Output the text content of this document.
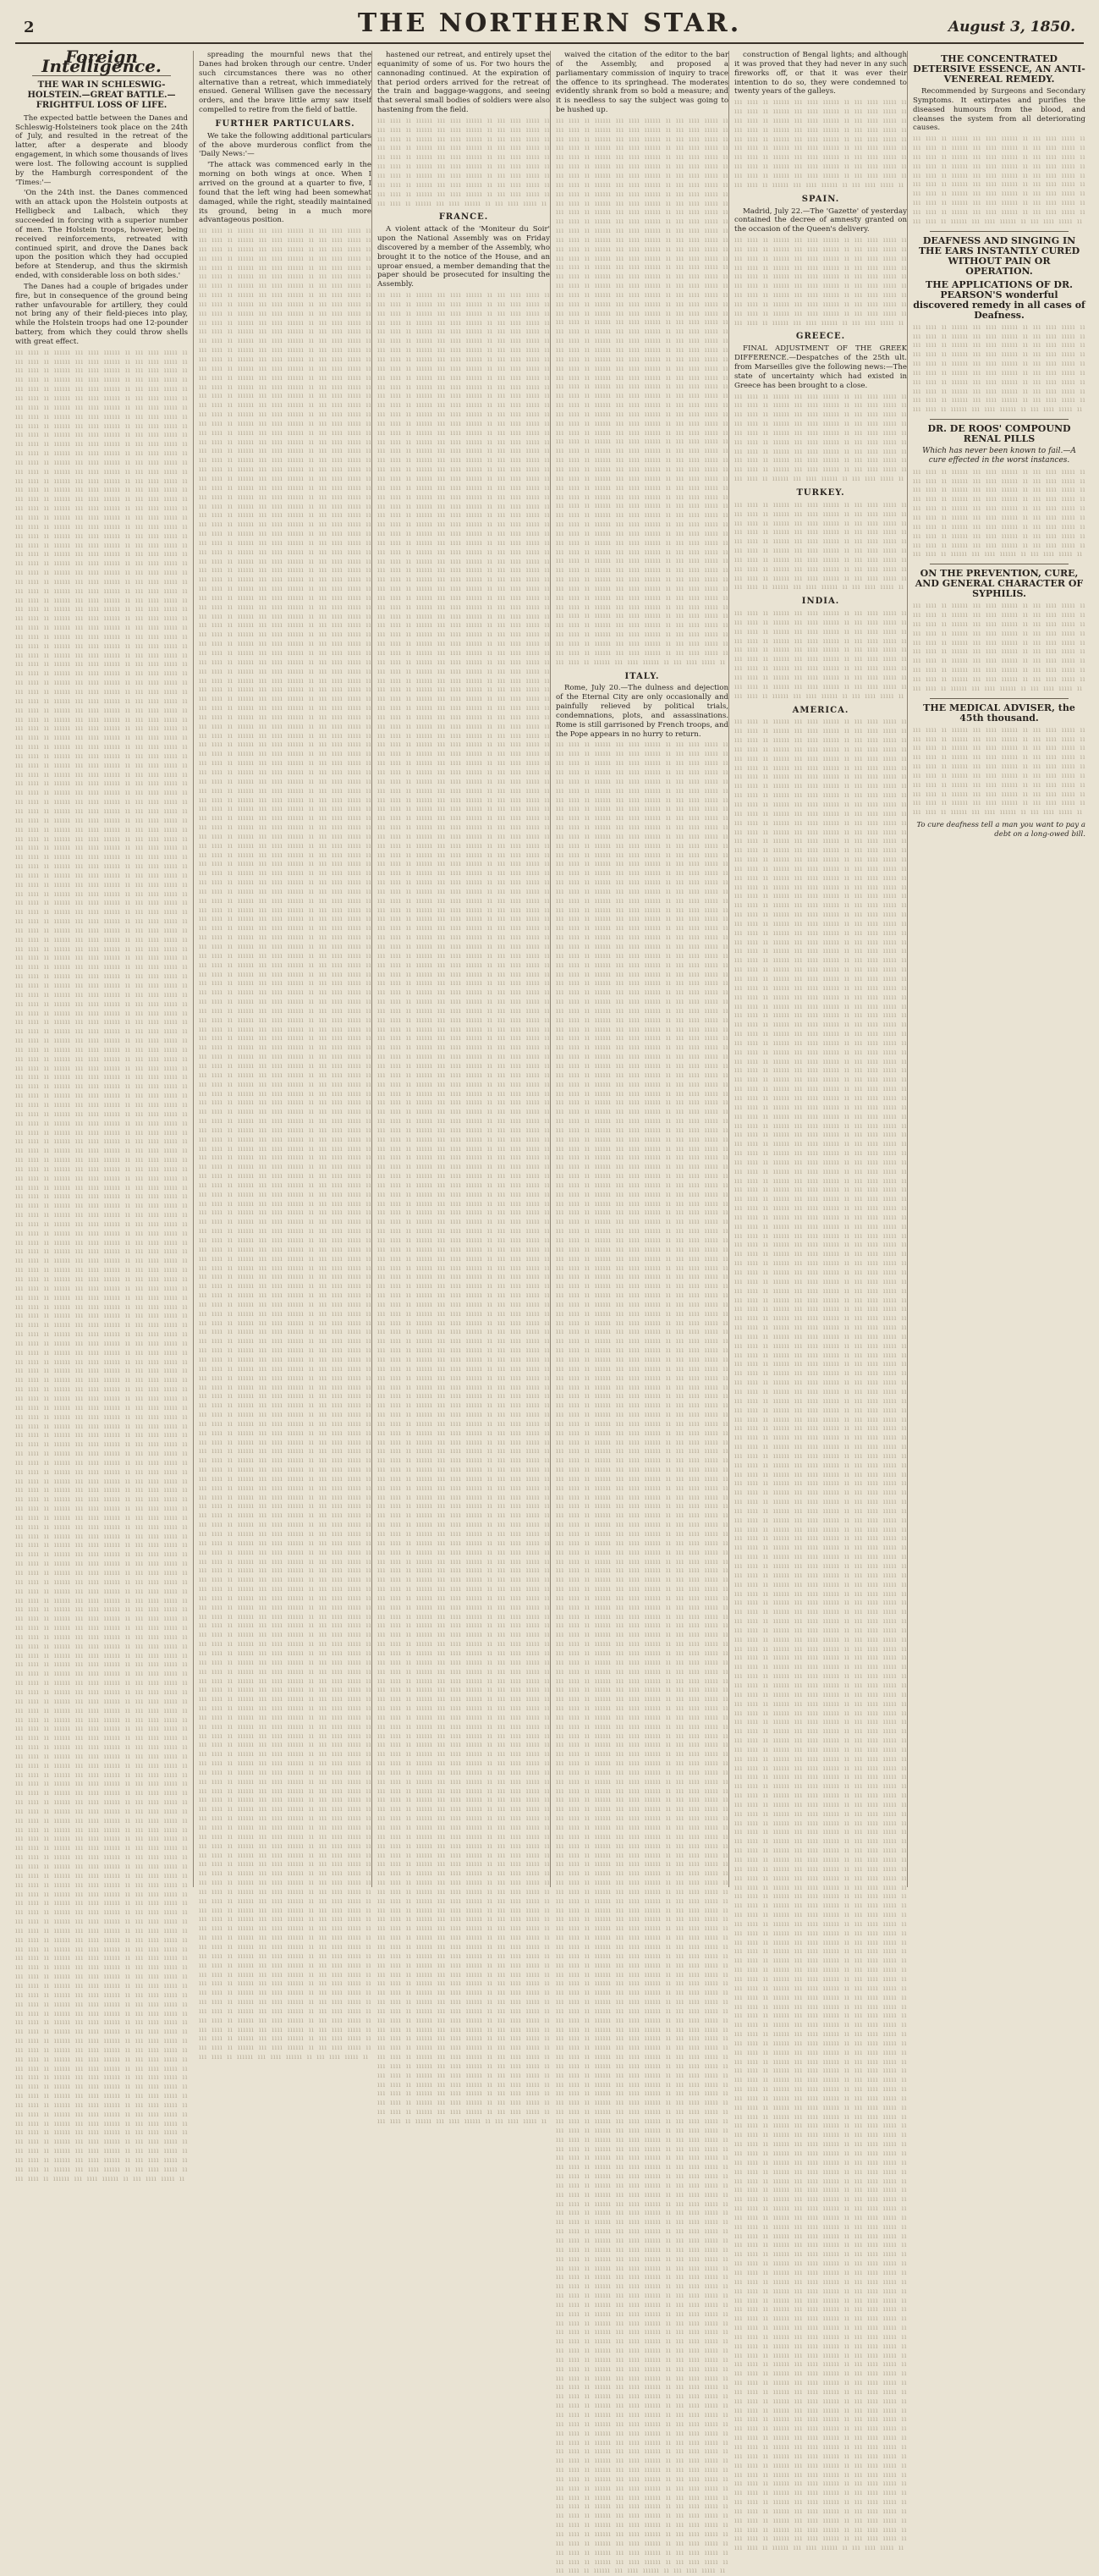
2	THE NORTHERN STAR.	August 3, 1850.
Foreign Intelligence.
THE WAR IN SCHLESWIG-HOLSTEIN.—GREAT BATTLE.—FRIGHTFUL LOSS OF LIFE.

The expected battle between the Danes and Schleswig-Holsteiners took place on the 24th of July, and resulted in the retreat of the latter, after a desperate and bloody engagement, in which some thousands of lives were lost. The following account is supplied by the Hamburgh correspondent of the 'Times:'—

'On the 24th inst. the Danes commenced with an attack upon the Holstein outposts at Helligbeck and Lalbach, which they succeeded in forcing with a superior number of men. The Holstein troops, however, being received reinforcements, retreated with continued spirit, and drove the Danes back upon the position which they had occupied before at Stenderup, and thus the skirmish ended, with considerable loss on both sides.'

The Danes had a couple of brigades under fire, but in consequence of the ground being rather unfavourable for artillery, they could not bring any of their field-pieces into play, while the Holstein troops had one 12-pounder battery, from which they could throw shells with great effect.

ııı ıııı ıı ıııııı ııı ıııı ıııııı ıı ııı ıııı ııııı ıı ııı ıııı ıı ıııııı ııı ıııı ıııııı ıı ııı ıııı ııııı ıı ııı ıııı ıı ıııııı ııı ıııı ıııııı ıı ııı ıııı ııııı ıı ııı ıııı ıı ıııııı ııı ıııı ıııııı ıı ııı ıııı ııııı ıı ııı ıııı ıı ıııııı ııı ıııı ıııııı ıı ııı ıııı ııııı ıı ııı ıııı ıı ıııııı ııı ıııı ıııııı ıı ııı ıııı ııııı ıı ııı ıııı ıı ıııııı ııı ıııı ıııııı ıı ııı ıııı ııııı ıı ııı ıııı ıı ıııııı ııı ıııı ıııııı ıı ııı ıııı ııııı ıı ııı ıııı ıı ıııııı ııı ıııı ıııııı ıı ııı ıııı ııııı ıı ııı ıııı ıı ıııııı ııı ıııı ıııııı ıı ııı ıııı ııııı ıı ııı ıııı ıı ıııııı ııı ıııı ıııııı ıı ııı ıııı ııııı ıı ııı ıııı ıı ıııııı ııı ıııı ıııııı ıı ııı ıııı ııııı ıı ııı ıııı ıı ıııııı ııı ıııı ıııııı ıı ııı ıııı ııııı ıı ııı ıııı ıı ıııııı ııı ıııı ıııııı ıı ııı ıııı ııııı ıı ııı ıııı ıı ıııııı ııı ıııı ıııııı ıı ııı ıııı ııııı ıı ııı ıııı ıı ıııııı ııı ıııı ıııııı ıı ııı ıııı ııııı ıı ııı ıııı ıı ıııııı ııı ıııı ıııııı ıı ııı ıııı ııııı ıı ııı ıııı ıı ıııııı ııı ıııı ıııııı ıı ııı ıııı ııııı ıı ııı ıııı ıı ıııııı ııı ıııı ıııııı ıı ııı ıııı ııııı ıı ııı ıııı ıı ıııııı ııı ıııı ıııııı ıı ııı ıııı ııııı ıı ııı ıııı ıı ıııııı ııı ıııı ıııııı ıı ııı ıııı ııııı ıı ııı ıııı ıı ıııııı ııı ıııı ıııııı ıı ııı ıııı ııııı ıı ııı ıııı ıı ıııııı ııı ıııı ıııııı ıı ııı ıııı ııııı ıı ııı ıııı ıı ıııııı ııı ıııı ıııııı ıı ııı ıııı ııııı ıı ııı ıııı ıı ıııııı ııı ıııı ıııııı ıı ııı ıııı ııııı ıı ııı ıııı ıı ıııııı ııı ıııı ıııııı ıı ııı ıııı ııııı ıı ııı ıııı ıı ıııııı ııı ıııı ıııııı ıı ııı ıııı ııııı ıı ııı ıııı ıı ıııııı ııı ıııı ıııııı ıı ııı ıııı ııııı ıı ııı ıııı ıı ıııııı ııı ıııı ıııııı ıı ııı ıııı ııııı ıı ııı ıııı ıı ıııııı ııı ıııı ıııııı ıı ııı ıııı ııııı ıı ııı ıııı ıı ıııııı ııı ıııı ıııııı ıı ııı ıııı ııııı ıı ııı ıııı ıı ıııııı ııı ıııı ıııııı ıı ııı ıııı ııııı ıı ııı ıııı ıı ıııııı ııı ıııı ıııııı ıı ııı ıııı ııııı ıı ııı ıııı ıı ıııııı ııı ıııı ıııııı ıı ııı ıııı ııııı ıı ııı ıııı ıı ıııııı ııı ıııı ıııııı ıı ııı ıııı ııııı ıı ııı ıııı ıı ıııııı ııı ıııı ıııııı ıı ııı ıııı ııııı ıı ııı ıııı ıı ıııııı ııı ıııı ıııııı ıı ııı ıııı ııııı ıı ııı ıııı ıı ıııııı ııı ıııı ıııııı ıı ııı ıııı ııııı ıı ııı ıııı ıı ıııııı ııı ıııı ıııııı ıı ııı ıııı ııııı ıı ııı ıııı ıı ıııııı ııı ıııı ıııııı ıı ııı ıııı ııııı ıı ııı ıııı ıı ıııııı ııı ıııı ıııııı ıı ııı ıııı ııııı ıı ııı ıııı ıı ıııııı ııı ıııı ıııııı ıı ııı ıııı ııııı ıı ııı ıııı ıı ıııııı ııı ıııı ıııııı ıı ııı ıııı ııııı ıı ııı ıııı ıı ıııııı ııı ıııı ıııııı ıı ııı ıııı ııııı ıı ııı ıııı ıı ıııııı ııı ıııı ıııııı ıı ııı ıııı ııııı ıı ııı ıııı ıı ıııııı ııı ıııı ıııııı ıı ııı ıııı ııııı ıı ııı ıııı ıı ıııııı ııı ıııı ıııııı ıı ııı ıııı ııııı ıı ııı ıııı ıı ıııııı ııı ıııı ıııııı ıı ııı ıııı ııııı ıı ııı ıııı ıı ıııııı ııı ıııı ıııııı ıı ııı ıııı ııııı ıı ııı ıııı ıı ıııııı ııı ıııı ıııııı ıı ııı ıııı ııııı ıı ııı ıııı ıı ıııııı ııı ıııı ıııııı ıı ııı ıııı ııııı ıı ııı ıııı ıı ıııııı ııı ıııı ıııııı ıı ııı ıııı ııııı ıı ııı ıııı ıı ıııııı ııı ıııı ıııııı ıı ııı ıııı ııııı ıı ııı ıııı ıı ıııııı ııı ıııı ıııııı ıı ııı ıııı ııııı ıı ııı ıııı ıı ıııııı ııı ıııı ıııııı ıı ııı ıııı ııııı ıı ııı ıııı ıı ıııııı ııı ıııı ıııııı ıı ııı ıııı ııııı ıı ııı ıııı ıı ıııııı ııı ıııı ıııııı ıı ııı ıııı ııııı ıı ııı ıııı ıı ıııııı ııı ıııı ıııııı ıı ııı ıııı ııııı ıı ııı ıııı ıı ıııııı ııı ıııı ıııııı ıı ııı ıııı ııııı ıı ııı ıııı ıı ıııııı ııı ıııı ıııııı ıı ııı ıııı ııııı ıı ııı ıııı ıı ıııııı ııı ıııı ıııııı ıı ııı ıııı ııııı ıı ııı ıııı ıı ıııııı ııı ıııı ıııııı ıı ııı ıııı ııııı ıı ııı ıııı ıı ıııııı ııı ıııı ıııııı ıı ııı ıııı ııııı ıı ııı ıııı ıı ıııııı ııı ıııı ıııııı ıı ııı ıııı ııııı ıı ııı ıııı ıı ıııııı ııı ıııı ıııııı ıı ııı ıııı ııııı ıı ııı ıııı ıı ıııııı ııı ıııı ıııııı ıı ııı ıııı ııııı ıı ııı ıııı ıı ıııııı ııı ıııı ıııııı ıı ııı ıııı ııııı ıı ııı ıııı ıı ıııııı ııı ıııı ıııııı ıı ııı ıııı ııııı ıı ııı ıııı ıı ıııııı ııı ıııı ıııııı ıı ııı ıııı ııııı ıı ııı ıııı ıı ıııııı ııı ıııı ıııııı ıı ııı ıııı ııııı ıı ııı ıııı ıı ıııııı ııı ıııı ıııııı ıı ııı ıııı ııııı ıı ııı ıııı ıı ıııııı ııı ıııı ıııııı ıı ııı ıııı ııııı ıı ııı ıııı ıı ıııııı ııı ıııı ıııııı ıı ııı ıııı ııııı ıı ııı ıııı ıı ıııııı ııı ıııı ıııııı ıı ııı ıııı ııııı ıı ııı ıııı ıı ıııııı ııı ıııı ıııııı ıı ııı ıııı ııııı ıı ııı ıııı ıı ıııııı ııı ıııı ıııııı ıı ııı ıııı ııııı ıı ııı ıııı ıı ıııııı ııı ıııı ıııııı ıı ııı ıııı ııııı ıı ııı ıııı ıı ıııııı ııı ıııı ıııııı ıı ııı ıııı ııııı ıı ııı ıııı ıı ıııııı ııı ıııı ıııııı ıı ııı ıııı ııııı ıı ııı ıııı ıı ıııııı ııı ıııı ıııııı ıı ııı ıııı ııııı ıı ııı ıııı ıı ıııııı ııı ıııı ıııııı ıı ııı ıııı ııııı ıı ııı ıııı ıı ıııııı ııı ıııı ıııııı ıı ııı ıııı ııııı ıı ııı ıııı ıı ıııııı ııı ıııı ıııııı ıı ııı ıııı ııııı ıı ııı ıııı ıı ıııııı ııı ıııı ıııııı ıı ııı ıııı ııııı ıı ııı ıııı ıı ıııııı ııı ıııı ıııııı ıı ııı ıııı ııııı ıı ııı ıııı ıı ıııııı ııı ıııı ıııııı ıı ııı ıııı ııııı ıı ııı ıııı ıı ıııııı ııı ıııı ıııııı ıı ııı ıııı ııııı ıı ııı ıııı ıı ıııııı ııı ıııı ıııııı ıı ııı ıııı ııııı ıı ııı ıııı ıı ıııııı ııı ıııı ıııııı ıı ııı ıııı ııııı ıı ııı ıııı ıı ıııııı ııı ıııı ıııııı ıı ııı ıııı ııııı ıı ııı ıııı ıı ıııııı ııı ıııı ıııııı ıı ııı ıııı ııııı ıı ııı ıııı ıı ıııııı ııı ıııı ıııııı ıı ııı ıııı ııııı ıı ııı ıııı ıı ıııııı ııı ıııı ıııııı ıı ııı ıııı ııııı ıı ııı ıııı ıı ıııııı ııı ıııı ıııııı ıı ııı ıııı ııııı ıı ııı ıııı ıı ıııııı ııı ıııı ıııııı ıı ııı ıııı ııııı ıı ııı ıııı ıı ıııııı ııı ıııı ıııııı ıı ııı ıııı ııııı ıı ııı ıııı ıı ıııııı ııı ıııı ıııııı ıı ııı ıııı ııııı ıı ııı ıııı ıı ıııııı ııı ıııı ıııııı ıı ııı ıııı ııııı ıı ııı ıııı ıı ıııııı ııı ıııı ıııııı ıı ııı ıııı ııııı ıı ııı ıııı ıı ıııııı ııı ıııı ıııııı ıı ııı ıııı ııııı ıı ııı ıııı ıı ıııııı ııı ıııı ıııııı ıı ııı ıııı ııııı ıı ııı ıııı ıı ıııııı ııı ıııı ıııııı ıı ııı ıııı ııııı ıı ııı ıııı ıı ıııııı ııı ıııı ıııııı ıı ııı ıııı ııııı ıı ııı ıııı ıı ıııııı ııı ıııı ıııııı ıı ııı ıııı ııııı ıı ııı ıııı ıı ıııııı ııı ıııı ıııııı ıı ııı ıııı ııııı ıı ııı ıııı ıı ıııııı ııı ıııı ıııııı ıı ııı ıııı ııııı ıı ııı ıııı ıı ıııııı ııı ıııı ıııııı ıı ııı ıııı ııııı ıı ııı ıııı ıı ıııııı ııı ıııı ıııııı ıı ııı ıııı ııııı ıı ııı ıııı ıı ıııııı ııı ıııı ıııııı ıı ııı ıııı ııııı ıı ııı ıııı ıı ıııııı ııı ıııı ıııııı ıı ııı ıııı ııııı ıı ııı ıııı ıı ıııııı ııı ıııı ıııııı ıı ııı ıııı ııııı ıı ııı ıııı ıı ıııııı ııı ıııı ıııııı ıı ııı ıııı ııııı ıı ııı ıııı ıı ıııııı ııı ıııı ıııııı ıı ııı ıııı ııııı ıı ııı ıııı ıı ıııııı ııı ıııı ıııııı ıı ııı ıııı ııııı ıı ııı ıııı ıı ıııııı ııı ıııı ıııııı ıı ııı ıııı ııııı ıı ııı ıııı ıı ıııııı ııı ıııı ıııııı ıı ııı ıııı ııııı ıı ııı ıııı ıı ıııııı ııı ıııı ıııııı ıı ııı ıııı ııııı ıı ııı ıııı ıı ıııııı ııı ıııı ıııııı ıı ııı ıııı ııııı ıı ııı ıııı ıı ıııııı ııı ıııı ıııııı ıı ııı ıııı ııııı ıı ııı ıııı ıı ıııııı ııı ıııı ıııııı ıı ııı ıııı ııııı ıı ııı ıııı ıı ıııııı ııı ıııı ıııııı ıı ııı ıııı ııııı ıı ııı ıııı ıı ıııııı ııı ıııı ıııııı ıı ııı ıııı ııııı ıı ııı ıııı ıı ıııııı ııı ıııı ıııııı ıı ııı ıııı ııııı ıı ııı ıııı ıı ıııııı ııı ıııı ıııııı ıı ııı ıııı ııııı ıı ııı ıııı ıı ıııııı ııı ıııı ıııııı ıı ııı ıııı ııııı ıı ııı ıııı ıı ıııııı ııı ıııı ıııııı ıı ııı ıııı ııııı ıı ııı ıııı ıı ıııııı ııı ıııı ıııııı ıı ııı ıııı ııııı ıı ııı ıııı ıı ıııııı ııı ıııı ıııııı ıı ııı ıııı ııııı ıı ııı ıııı ıı ıııııı ııı ıııı ıııııı ıı ııı ıııı ııııı ıı ııı ıııı ıı ıııııı ııı ıııı ıııııı ıı ııı ıııı ııııı ıı ııı ıııı ıı ıııııı ııı ıııı ıııııı ıı ııı ıııı ııııı ıı ııı ıııı ıı ıııııı ııı ıııı ıııııı ıı ııı ıııı ııııı ıı ııı ıııı ıı ıııııı ııı ıııı ıııııı ıı ııı ıııı ııııı ıı ııı ıııı ıı ıııııı ııı ıııı ıııııı ıı ııı ıııı ııııı ıı ııı ıııı ıı ıııııı ııı ıııı ıııııı ıı ııı ıııı ııııı ıı ııı ıııı ıı ıııııı ııı ıııı ıııııı ıı ııı ıııı ııııı ıı ııı ıııı ıı ıııııı ııı ıııı ıııııı ıı ııı ıııı ııııı ıı ııı ıııı ıı ıııııı ııı ıııı ıııııı ıı ııı ıııı ııııı ıı ııı ıııı ıı ıııııı ııı ıııı ıııııı ıı ııı ıııı ııııı ıı ııı ıııı ıı ıııııı ııı ıııı ıııııı ıı ııı ıııı ııııı ıı ııı ıııı ıı ıııııı ııı ıııı ıııııı ıı ııı ıııı ııııı ıı ııı ıııı ıı ıııııı ııı ıııı ıııııı ıı ııı ıııı ııııı ıı ııı ıııı ıı ıııııı ııı ıııı ıııııı ıı ııı ıııı ııııı ıı ııı ıııı ıı ıııııı ııı ıııı ıııııı ıı ııı ıııı ııııı ıı ııı ıııı ıı ıııııı ııı ıııı ıııııı ıı ııı ıııı ııııı ıı ııı ıııı ıı ıııııı ııı ıııı ıııııı ıı ııı ıııı ııııı ıı ııı ıııı ıı ıııııı ııı ıııı ıııııı ıı ııı ıııı ııııı ıı ııı ıııı ıı ıııııı ııı ıııı ıııııı ıı ııı ıııı ııııı ıı ııı ıııı ıı ıııııı ııı ıııı ıııııı ıı ııı ıııı ııııı ıı ııı ıııı ıı ıııııı ııı ıııı ıııııı ıı ııı ıııı ııııı ıı ııı ıııı ıı ıııııı ııı ıııı ıııııı ıı ııı ıııı ııııı ıı ııı ıııı ıı ıııııı ııı ıııı ıııııı ıı ııı ıııı ııııı ıı ııı ıııı ıı ıııııı ııı ıııı ıııııı ıı ııı ıııı ııııı ıı ııı ıııı ıı ıııııı ııı ıııı ıııııı ıı ııı ıııı ııııı ıı ııı ıııı ıı ıııııı ııı ıııı ıııııı ıı ııı ıııı ııııı ıı ııı ıııı ıı ıııııı ııı ıııı ıııııı ıı ııı ıııı ııııı ıı ııı ıııı ıı ıııııı ııı ıııı ıııııı ıı ııı ıııı ııııı ıı ııı ıııı ıı ıııııı ııı ıııı ıııııı ıı ııı ıııı ııııı ıı ııı ıııı ıı ıııııı ııı ıııı ıııııı ıı ııı ıııı ııııı ıı ııı ıııı ıı ıııııı ııı ıııı ıııııı ıı ııı ıııı ııııı ıı ııı ıııı ıı ıııııı ııı ıııı ıııııı ıı ııı ıııı ııııı ıı ııı ıııı ıı ıııııı ııı ıııı ıııııı ıı ııı ıııı ııııı ıı ııı ıııı ıı ıııııı ııı ıııı ıııııı ıı ııı ıııı ııııı ıı ııı ıııı ıı ıııııı ııı ıııı ıııııı ıı ııı ıııı ııııı ıı ııı ıııı ıı ıııııı ııı ıııı ıııııı ıı ııı ıııı ııııı ıı ııı ıııı ıı ıııııı ııı ıııı ıııııı ıı ııı ıııı ııııı ıı ııı ıııı ıı ıııııı ııı ıııı ıııııı ıı ııı ıııı ııııı ıı ııı ıııı ıı ıııııı ııı ıııı ıııııı ıı ııı ıııı ııııı ıı ııı ıııı ıı ıııııı ııı ıııı ıııııı ıı ııı ıııı ııııı ıı ııı ıııı ıı ıııııı ııı ıııı ıııııı ıı ııı ıııı ııııı ıı ııı ıııı ıı ıııııı ııı ıııı ıııııı ıı ııı ıııı ııııı ıı ııı ıııı ıı ıııııı ııı ıııı ıııııı ıı ııı ıııı ııııı ıı ııı ıııı ıı ıııııı ııı ıııı ıııııı ıı ııı ıııı ııııı ıı ııı ıııı ıı ıııııı ııı ıııı ıııııı ıı ııı ıııı ııııı ıı ııı ıııı ıı ıııııı ııı ıııı ıııııı ıı ııı ıııı ııııı ıı ııı ıııı ıı ıııııı ııı ıııı ıııııı ıı ııı ıııı ııııı ıı ııı ıııı ıı ıııııı ııı ıııı ıııııı ıı ııı ıııı ııııı ıı ııı ıııı ıı ıııııı ııı ıııı ıııııı ıı ııı ıııı ııııı ıı ııı ıııı ıı ıııııı ııı ıııı ıııııı ıı ııı ıııı ııııı ıı ııı ıııı ıı ıııııı ııı ıııı ıııııı ıı ııı ıııı ııııı ıı ııı ıııı ıı ıııııı ııı ıııı ıııııı ıı ııı ıııı ııııı ıı ııı ıııı ıı ıııııı ııı ıııı ıııııı ıı ııı ıııı ııııı ıı ııı ıııı ıı ıııııı ııı ıııı ıııııı ıı ııı ıııı ııııı ıı ııı ıııı ıı ıııııı ııı ıııı ıııııı ıı ııı ıııı ııııı ıı ııı ıııı ıı ıııııı ııı ıııı ıııııı ıı ııı ıııı ııııı ıı ııı ıııı ıı ıııııı ııı ıııı ıııııı ıı ııı ıııı ııııı ıı ııı ıııı ıı ıııııı ııı ıııı ıııııı ıı ııı ıııı ııııı ıı ııı ıııı ıı ıııııı ııı ıııı ıııııı ıı ııı ıııı ııııı ıı ııı ıııı ıı ıııııı ııı ıııı ıııııı ıı ııı ıııı ııııı ıı ııı ıııı ıı ıııııı ııı ıııı ıııııı ıı ııı ıııı ııııı ıı ııı ıııı ıı ıııııı ııı ıııı ıııııı ıı ııı ıııı ııııı ıı ııı ıııı ıı ıııııı ııı ıııı ıııııı ıı ııı ıııı ııııı ıı ııı ıııı ıı ıııııı ııı ıııı ıııııı ıı ııı ıııı ııııı ıı ııı ıııı ıı ıııııı ııı ıııı ıııııı ıı ııı ıııı ııııı ıı ııı ıııı ıı ıııııı ııı ıııı ıııııı ıı ııı ıııı ııııı ıı ııı ıııı ıı ıııııı ııı ıııı ıııııı ıı ııı ıııı ııııı ıı ııı ıııı ıı ıııııı ııı ıııı ıııııı ıı ııı ıııı ııııı ıı ııı ıııı ıı ıııııı ııı ıııı ıııııı ıı ııı ıııı ııııı ıı ııı ıııı ıı ıııııı ııı ıııı ıııııı ıı ııı ıııı ııııı ıı ııı ıııı ıı ıııııı ııı ıııı ıııııı ıı ııı ıııı ııııı ıı

spreading the mournful news that the Danes had broken through our centre. Under such circumstances there was no other alternative than a retreat, which immediately ensued. General Willisen gave the necessary orders, and the brave little army saw itself compelled to retire from the field of battle.

FURTHER PARTICULARS.

We take the following additional particulars of the above murderous conflict from the 'Daily News:'—

'The attack was commenced early in the morning on both wings at once. When I arrived on the ground at a quarter to five, I found that the left wing had been somewhat damaged, while the right, steadily maintained its ground, being in a much more advantageous position.

ııı ıııı ıı ıııııı ııı ıııı ıııııı ıı ııı ıııı ııııı ıı ııı ıııı ıı ıııııı ııı ıııı ıııııı ıı ııı ıııı ııııı ıı ııı ıııı ıı ıııııı ııı ıııı ıııııı ıı ııı ıııı ııııı ıı ııı ıııı ıı ıııııı ııı ıııı ıııııı ıı ııı ıııı ııııı ıı ııı ıııı ıı ıııııı ııı ıııı ıııııı ıı ııı ıııı ııııı ıı ııı ıııı ıı ıııııı ııı ıııı ıııııı ıı ııı ıııı ııııı ıı ııı ıııı ıı ıııııı ııı ıııı ıııııı ıı ııı ıııı ııııı ıı ııı ıııı ıı ıııııı ııı ıııı ıııııı ıı ııı ıııı ııııı ıı ııı ıııı ıı ıııııı ııı ıııı ıııııı ıı ııı ıııı ııııı ıı ııı ıııı ıı ıııııı ııı ıııı ıııııı ıı ııı ıııı ııııı ıı ııı ıııı ıı ıııııı ııı ıııı ıııııı ıı ııı ıııı ııııı ıı ııı ıııı ıı ıııııı ııı ıııı ıııııı ıı ııı ıııı ııııı ıı ııı ıııı ıı ıııııı ııı ıııı ıııııı ıı ııı ıııı ııııı ıı ııı ıııı ıı ıııııı ııı ıııı ıııııı ıı ııı ıııı ııııı ıı ııı ıııı ıı ıııııı ııı ıııı ıııııı ıı ııı ıııı ııııı ıı ııı ıııı ıı ıııııı ııı ıııı ıııııı ıı ııı ıııı ııııı ıı ııı ıııı ıı ıııııı ııı ıııı ıııııı ıı ııı ıııı ııııı ıı ııı ıııı ıı ıııııı ııı ıııı ıııııı ıı ııı ıııı ııııı ıı ııı ıııı ıı ıııııı ııı ıııı ıııııı ıı ııı ıııı ııııı ıı ııı ıııı ıı ıııııı ııı ıııı ıııııı ıı ııı ıııı ııııı ıı ııı ıııı ıı ıııııı ııı ıııı ıııııı ıı ııı ıııı ııııı ıı ııı ıııı ıı ıııııı ııı ıııı ıııııı ıı ııı ıııı ııııı ıı ııı ıııı ıı ıııııı ııı ıııı ıııııı ıı ııı ıııı ııııı ıı ııı ıııı ıı ıııııı ııı ıııı ıııııı ıı ııı ıııı ııııı ıı ııı ıııı ıı ıııııı ııı ıııı ıııııı ıı ııı ıııı ııııı ıı ııı ıııı ıı ıııııı ııı ıııı ıııııı ıı ııı ıııı ııııı ıı ııı ıııı ıı ıııııı ııı ıııı ıııııı ıı ııı ıııı ııııı ıı ııı ıııı ıı ıııııı ııı ıııı ıııııı ıı ııı ıııı ııııı ıı ııı ıııı ıı ıııııı ııı ıııı ıııııı ıı ııı ıııı ııııı ıı ııı ıııı ıı ıııııı ııı ıııı ıııııı ıı ııı ıııı ııııı ıı ııı ıııı ıı ıııııı ııı ıııı ıııııı ıı ııı ıııı ııııı ıı ııı ıııı ıı ıııııı ııı ıııı ıııııı ıı ııı ıııı ııııı ıı ııı ıııı ıı ıııııı ııı ıııı ıııııı ıı ııı ıııı ııııı ıı ııı ıııı ıı ıııııı ııı ıııı ıııııı ıı ııı ıııı ııııı ıı ııı ıııı ıı ıııııı ııı ıııı ıııııı ıı ııı ıııı ııııı ıı ııı ıııı ıı ıııııı ııı ıııı ıııııı ıı ııı ıııı ııııı ıı ııı ıııı ıı ıııııı ııı ıııı ıııııı ıı ııı ıııı ııııı ıı ııı ıııı ıı ıııııı ııı ıııı ıııııı ıı ııı ıııı ııııı ıı ııı ıııı ıı ıııııı ııı ıııı ıııııı ıı ııı ıııı ııııı ıı ııı ıııı ıı ıııııı ııı ıııı ıııııı ıı ııı ıııı ııııı ıı ııı ıııı ıı ıııııı ııı ıııı ıııııı ıı ııı ıııı ııııı ıı ııı ıııı ıı ıııııı ııı ıııı ıııııı ıı ııı ıııı ııııı ıı ııı ıııı ıı ıııııı ııı ıııı ıııııı ıı ııı ıııı ııııı ıı ııı ıııı ıı ıııııı ııı ıııı ıııııı ıı ııı ıııı ııııı ıı ııı ıııı ıı ıııııı ııı ıııı ıııııı ıı ııı ıııı ııııı ıı ııı ıııı ıı ıııııı ııı ıııı ıııııı ıı ııı ıııı ııııı ıı ııı ıııı ıı ıııııı ııı ıııı ıııııı ıı ııı ıııı ııııı ıı ııı ıııı ıı ıııııı ııı ıııı ıııııı ıı ııı ıııı ııııı ıı ııı ıııı ıı ıııııı ııı ıııı ıııııı ıı ııı ıııı ııııı ıı ııı ıııı ıı ıııııı ııı ıııı ıııııı ıı ııı ıııı ııııı ıı ııı ıııı ıı ıııııı ııı ıııı ıııııı ıı ııı ıııı ııııı ıı ııı ıııı ıı ıııııı ııı ıııı ıııııı ıı ııı ıııı ııııı ıı ııı ıııı ıı ıııııı ııı ıııı ıııııı ıı ııı ıııı ııııı ıı ııı ıııı ıı ıııııı ııı ıııı ıııııı ıı ııı ıııı ııııı ıı ııı ıııı ıı ıııııı ııı ıııı ıııııı ıı ııı ıııı ııııı ıı ııı ıııı ıı ıııııı ııı ıııı ıııııı ıı ııı ıııı ııııı ıı ııı ıııı ıı ıııııı ııı ıııı ıııııı ıı ııı ıııı ııııı ıı ııı ıııı ıı ıııııı ııı ıııı ıııııı ıı ııı ıııı ııııı ıı ııı ıııı ıı ıııııı ııı ıııı ıııııı ıı ııı ıııı ııııı ıı ııı ıııı ıı ıııııı ııı ıııı ıııııı ıı ııı ıııı ııııı ıı ııı ıııı ıı ıııııı ııı ıııı ıııııı ıı ııı ıııı ııııı ıı ııı ıııı ıı ıııııı ııı ıııı ıııııı ıı ııı ıııı ııııı ıı ııı ıııı ıı ıııııı ııı ıııı ıııııı ıı ııı ıııı ııııı ıı ııı ıııı ıı ıııııı ııı ıııı ıııııı ıı ııı ıııı ııııı ıı ııı ıııı ıı ıııııı ııı ıııı ıııııı ıı ııı ıııı ııııı ıı ııı ıııı ıı ıııııı ııı ıııı ıııııı ıı ııı ıııı ııııı ıı ııı ıııı ıı ıııııı ııı ıııı ıııııı ıı ııı ıııı ııııı ıı ııı ıııı ıı ıııııı ııı ıııı ıııııı ıı ııı ıııı ııııı ıı ııı ıııı ıı ıııııı ııı ıııı ıııııı ıı ııı ıııı ııııı ıı ııı ıııı ıı ıııııı ııı ıııı ıııııı ıı ııı ıııı ııııı ıı ııı ıııı ıı ıııııı ııı ıııı ıııııı ıı ııı ıııı ııııı ıı ııı ıııı ıı ıııııı ııı ıııı ıııııı ıı ııı ıııı ııııı ıı ııı ıııı ıı ıııııı ııı ıııı ıııııı ıı ııı ıııı ııııı ıı ııı ıııı ıı ıııııı ııı ıııı ıııııı ıı ııı ıııı ııııı ıı ııı ıııı ıı ıııııı ııı ıııı ıııııı ıı ııı ıııı ııııı ıı ııı ıııı ıı ıııııı ııı ıııı ıııııı ıı ııı ıııı ııııı ıı ııı ıııı ıı ıııııı ııı ıııı ıııııı ıı ııı ıııı ııııı ıı ııı ıııı ıı ıııııı ııı ıııı ıııııı ıı ııı ıııı ııııı ıı ııı ıııı ıı ıııııı ııı ıııı ıııııı ıı ııı ıııı ııııı ıı ııı ıııı ıı ıııııı ııı ıııı ıııııı ıı ııı ıııı ııııı ıı ııı ıııı ıı ıııııı ııı ıııı ıııııı ıı ııı ıııı ııııı ıı ııı ıııı ıı ıııııı ııı ıııı ıııııı ıı ııı ıııı ııııı ıı ııı ıııı ıı ıııııı ııı ıııı ıııııı ıı ııı ıııı ııııı ıı ııı ıııı ıı ıııııı ııı ıııı ıııııı ıı ııı ıııı ııııı ıı ııı ıııı ıı ıııııı ııı ıııı ıııııı ıı ııı ıııı ııııı ıı ııı ıııı ıı ıııııı ııı ıııı ıııııı ıı ııı ıııı ııııı ıı ııı ıııı ıı ıııııı ııı ıııı ıııııı ıı ııı ıııı ııııı ıı ııı ıııı ıı ıııııı ııı ıııı ıııııı ıı ııı ıııı ııııı ıı ııı ıııı ıı ıııııı ııı ıııı ıııııı ıı ııı ıııı ııııı ıı ııı ıııı ıı ıııııı ııı ıııı ıııııı ıı ııı ıııı ııııı ıı ııı ıııı ıı ıııııı ııı ıııı ıııııı ıı ııı ıııı ııııı ıı ııı ıııı ıı ıııııı ııı ıııı ıııııı ıı ııı ıııı ııııı ıı ııı ıııı ıı ıııııı ııı ıııı ıııııı ıı ııı ıııı ııııı ıı ııı ıııı ıı ıııııı ııı ıııı ıııııı ıı ııı ıııı ııııı ıı ııı ıııı ıı ıııııı ııı ıııı ıııııı ıı ııı ıııı ııııı ıı ııı ıııı ıı ıııııı ııı ıııı ıııııı ıı ııı ıııı ııııı ıı ııı ıııı ıı ıııııı ııı ıııı ıııııı ıı ııı ıııı ııııı ıı ııı ıııı ıı ıııııı ııı ıııı ıııııı ıı ııı ıııı ııııı ıı ııı ıııı ıı ıııııı ııı ıııı ıııııı ıı ııı ıııı ııııı ıı ııı ıııı ıı ıııııı ııı ıııı ıııııı ıı ııı ıııı ııııı ıı ııı ıııı ıı ıııııı ııı ıııı ıııııı ıı ııı ıııı ııııı ıı ııı ıııı ıı ıııııı ııı ıııı ıııııı ıı ııı ıııı ııııı ıı ııı ıııı ıı ıııııı ııı ıııı ıııııı ıı ııı ıııı ııııı ıı ııı ıııı ıı ıııııı ııı ıııı ıııııı ıı ııı ıııı ııııı ıı ııı ıııı ıı ıııııı ııı ıııı ıııııı ıı ııı ıııı ııııı ıı ııı ıııı ıı ıııııı ııı ıııı ıııııı ıı ııı ıııı ııııı ıı ııı ıııı ıı ıııııı ııı ıııı ıııııı ıı ııı ıııı ııııı ıı ııı ıııı ıı ıııııı ııı ıııı ıııııı ıı ııı ıııı ııııı ıı ııı ıııı ıı ıııııı ııı ıııı ıııııı ıı ııı ıııı ııııı ıı ııı ıııı ıı ıııııı ııı ıııı ıııııı ıı ııı ıııı ııııı ıı ııı ıııı ıı ıııııı ııı ıııı ıııııı ıı ııı ıııı ııııı ıı ııı ıııı ıı ıııııı ııı ıııı ıııııı ıı ııı ıııı ııııı ıı ııı ıııı ıı ıııııı ııı ıııı ıııııı ıı ııı ıııı ııııı ıı ııı ıııı ıı ıııııı ııı ıııı ıııııı ıı ııı ıııı ııııı ıı ııı ıııı ıı ıııııı ııı ıııı ıııııı ıı ııı ıııı ııııı ıı ııı ıııı ıı ıııııı ııı ıııı ıııııı ıı ııı ıııı ııııı ıı ııı ıııı ıı ıııııı ııı ıııı ıııııı ıı ııı ıııı ııııı ıı ııı ıııı ıı ıııııı ııı ıııı ıııııı ıı ııı ıııı ııııı ıı ııı ıııı ıı ıııııı ııı ıııı ıııııı ıı ııı ıııı ııııı ıı ııı ıııı ıı ıııııı ııı ıııı ıııııı ıı ııı ıııı ııııı ıı ııı ıııı ıı ıııııı ııı ıııı ıııııı ıı ııı ıııı ııııı ıı ııı ıııı ıı ıııııı ııı ıııı ıııııı ıı ııı ıııı ııııı ıı ııı ıııı ıı ıııııı ııı ıııı ıııııı ıı ııı ıııı ııııı ıı ııı ıııı ıı ıııııı ııı ıııı ıııııı ıı ııı ıııı ııııı ıı ııı ıııı ıı ıııııı ııı ıııı ıııııı ıı ııı ıııı ııııı ıı ııı ıııı ıı ıııııı ııı ıııı ıııııı ıı ııı ıııı ııııı ıı ııı ıııı ıı ıııııı ııı ıııı ıııııı ıı ııı ıııı ııııı ıı ııı ıııı ıı ıııııı ııı ıııı ıııııı ıı ııı ıııı ııııı ıı ııı ıııı ıı ıııııı ııı ıııı ıııııı ıı ııı ıııı ııııı ıı ııı ıııı ıı ıııııı ııı ıııı ıııııı ıı ııı ıııı ııııı ıı ııı ıııı ıı ıııııı ııı ıııı ıııııı ıı ııı ıııı ııııı ıı ııı ıııı ıı ıııııı ııı ıııı ıııııı ıı ııı ıııı ııııı ıı ııı ıııı ıı ıııııı ııı ıııı ıııııı ıı ııı ıııı ııııı ıı ııı ıııı ıı ıııııı ııı ıııı ıııııı ıı ııı ıııı ııııı ıı ııı ıııı ıı ıııııı ııı ıııı ıııııı ıı ııı ıııı ııııı ıı ııı ıııı ıı ıııııı ııı ıııı ıııııı ıı ııı ıııı ııııı ıı ııı ıııı ıı ıııııı ııı ıııı ıııııı ıı ııı ıııı ııııı ıı ııı ıııı ıı ıııııı ııı ıııı ıııııı ıı ııı ıııı ııııı ıı ııı ıııı ıı ıııııı ııı ıııı ıııııı ıı ııı ıııı ııııı ıı ııı ıııı ıı ıııııı ııı ıııı ıııııı ıı ııı ıııı ııııı ıı ııı ıııı ıı ıııııı ııı ıııı ıııııı ıı ııı ıııı ııııı ıı ııı ıııı ıı ıııııı ııı ıııı ıııııı ıı ııı ıııı ııııı ıı ııı ıııı ıı ıııııı ııı ıııı ıııııı ıı ııı ıııı ııııı ıı ııı ıııı ıı ıııııı ııı ıııı ıııııı ıı ııı ıııı ııııı ıı ııı ıııı ıı ıııııı ııı ıııı ıııııı ıı ııı ıııı ııııı ıı ııı ıııı ıı ıııııı ııı ıııı ıııııı ıı ııı ıııı ııııı ıı ııı ıııı ıı ıııııı ııı ıııı ıııııı ıı ııı ıııı ııııı ıı ııı ıııı ıı ıııııı ııı ıııı ıııııı ıı ııı ıııı ııııı ıı ııı ıııı ıı ıııııı ııı ıııı ıııııı ıı ııı ıııı ııııı ıı ııı ıııı ıı ıııııı ııı ıııı ıııııı ıı ııı ıııı ııııı ıı ııı ıııı ıı ıııııı ııı ıııı ıııııı ıı ııı ıııı ııııı ıı ııı ıııı ıı ıııııı ııı ıııı ıııııı ıı ııı ıııı ııııı ıı ııı ıııı ıı ıııııı ııı ıııı ıııııı ıı ııı ıııı ııııı ıı ııı ıııı ıı ıııııı ııı ıııı ıııııı ıı ııı ıııı ııııı ıı ııı ıııı ıı ıııııı ııı ıııı ıııııı ıı ııı ıııı ııııı ıı ııı ıııı ıı ıııııı ııı ıııı ıııııı ıı ııı ıııı ııııı ıı ııı ıııı ıı ıııııı ııı ıııı ıııııı ıı ııı ıııı ııııı ıı ııı ıııı ıı ıııııı ııı ıııı ıııııı ıı ııı ıııı ııııı ıı ııı ıııı ıı ıııııı ııı ıııı ıııııı ıı ııı ıııı ııııı ıı ııı ıııı ıı ıııııı ııı ıııı ıııııı ıı ııı ıııı ııııı ıı ııı ıııı ıı ıııııı ııı ıııı ıııııı ıı ııı ıııı ııııı ıı ııı ıııı ıı ıııııı ııı ıııı ıııııı ıı ııı ıııı ııııı ıı ııı ıııı ıı ıııııı ııı ıııı ıııııı ıı ııı ıııı ııııı ıı ııı ıııı ıı ıııııı ııı ıııı ıııııı ıı ııı ıııı ııııı ıı ııı ıııı ıı ıııııı ııı ıııı ıııııı ıı ııı ıııı ııııı ıı ııı ıııı ıı ıııııı ııı ıııı ıııııı ıı ııı ıııı ııııı ıı ııı ıııı ıı ıııııı ııı ıııı ıııııı ıı ııı ıııı ııııı ıı ııı ıııı ıı ıııııı ııı ıııı ıııııı ıı ııı ıııı ııııı ıı ııı ıııı ıı ıııııı ııı ıııı ıııııı ıı ııı ıııı ııııı ıı ııı ıııı ıı ıııııı ııı ıııı ıııııı ıı ııı ıııı ııııı ıı ııı ıııı ıı ıııııı ııı ıııı ıııııı ıı ııı ıııı ııııı ıı ııı ıııı ıı ıııııı ııı ıııı ıııııı ıı ııı ıııı ııııı ıı ııı ıııı ıı ıııııı ııı ıııı ıııııı ıı ııı ıııı ııııı ıı ııı ıııı ıı ıııııı ııı ıııı ıııııı ıı ııı ıııı ııııı ıı ııı ıııı ıı ıııııı ııı ıııı ıııııı ıı ııı ıııı ııııı ıı ııı ıııı ıı ıııııı ııı ıııı ıııııı ıı ııı ıııı ııııı ıı ııı ıııı ıı ıııııı ııı ıııı ıııııı ıı ııı ıııı ııııı ıı ııı ıııı ıı ıııııı ııı ıııı ıııııı ıı ııı ıııı ııııı ıı ııı ıııı ıı ıııııı ııı ıııı ıııııı ıı ııı ıııı ııııı ıı ııı ıııı ıı ıııııı ııı ıııı ıııııı ıı ııı ıııı ııııı ıı ııı ıııı ıı ıııııı ııı ıııı ıııııı ıı ııı ıııı ııııı ıı ııı ıııı ıı ıııııı ııı ıııı ıııııı ıı ııı ıııı ııııı ıı ııı ıııı ıı ıııııı ııı ıııı ıııııı ıı ııı ıııı ııııı ıı ııı ıııı ıı ıııııı ııı ıııı ıııııı ıı ııı ıııı ııııı ıı ııı ıııı ıı ıııııı ııı ıııı ıııııı ıı ııı ıııı ııııı ıı ııı ıııı ıı ıııııı ııı ıııı ıııııı ıı ııı ıııı ııııı ıı ııı ıııı ıı ıııııı ııı ıııı ıııııı ıı ııı ıııı ııııı ıı ııı ıııı ıı ıııııı ııı ıııı ıııııı ıı ııı ıııı ııııı ıı ııı ıııı ıı ıııııı ııı ıııı ıııııı ıı ııı ıııı ııııı ıı ııı ıııı ıı ıııııı ııı ıııı ıııııı ıı ııı ıııı ııııı ıı ııı ıııı ıı ıııııı ııı ıııı ıııııı ıı ııı ıııı ııııı ıı ııı ıııı ıı ıııııı ııı ıııı ıııııı ıı ııı ıııı ııııı ıı ııı ıııı ıı ıııııı ııı ıııı ıııııı ıı ııı ıııı ııııı ıı ııı ıııı ıı ıııııı ııı ıııı ıııııı ıı ııı ıııı ııııı ıı ııı ıııı ıı ıııııı ııı ıııı ıııııı ıı ııı ıııı ııııı ıı ııı ıııı ıı ıııııı ııı ıııı ıııııı ıı ııı ıııı ııııı ıı ııı ıııı ıı ıııııı ııı ıııı ıııııı ıı ııı ıııı ııııı ıı ııı ıııı ıı ıııııı ııı ıııı ıııııı ıı ııı ıııı ııııı ıı ııı ıııı ıı ıııııı ııı ıııı ıııııı ıı ııı ıııı ııııı ıı ııı ıııı ıı ıııııı ııı ıııı ıııııı ıı ııı ıııı ııııı ıı

hastened our retreat, and entirely upset the equanimity of some of us. For two hours the cannonading continued. At the expiration of that period orders arrived for the retreat of the train and baggage-waggons, and seeing that several small bodies of soldiers were also hastening from the field.

ııı ıııı ıı ıııııı ııı ıııı ıııııı ıı ııı ıııı ııııı ıı ııı ıııı ıı ıııııı ııı ıııı ıııııı ıı ııı ıııı ııııı ıı ııı ıııı ıı ıııııı ııı ıııı ıııııı ıı ııı ıııı ııııı ıı ııı ıııı ıı ıııııı ııı ıııı ıııııı ıı ııı ıııı ııııı ıı ııı ıııı ıı ıııııı ııı ıııı ıııııı ıı ııı ıııı ııııı ıı ııı ıııı ıı ıııııı ııı ıııı ıııııı ıı ııı ıııı ııııı ıı ııı ıııı ıı ıııııı ııı ıııı ıııııı ıı ııı ıııı ııııı ıı ııı ıııı ıı ıııııı ııı ıııı ıııııı ıı ııı ıııı ııııı ıı ııı ıııı ıı ıııııı ııı ıııı ıııııı ıı ııı ıııı ııııı ıı ııı ıııı ıı ıııııı ııı ıııı ıııııı ıı ııı ıııı ııııı ıı
FRANCE.

A violent attack of the 'Moniteur du Soir' upon the National Assembly was on Friday discovered by a member of the Assembly, who brought it to the notice of the House, and an uproar ensued, a member demanding that the paper should be prosecuted for insulting the Assembly.

ııı ıııı ıı ıııııı ııı ıııı ıııııı ıı ııı ıııı ııııı ıı ııı ıııı ıı ıııııı ııı ıııı ıııııı ıı ııı ıııı ııııı ıı ııı ıııı ıı ıııııı ııı ıııı ıııııı ıı ııı ıııı ııııı ıı ııı ıııı ıı ıııııı ııı ıııı ıııııı ıı ııı ıııı ııııı ıı ııı ıııı ıı ıııııı ııı ıııı ıııııı ıı ııı ıııı ııııı ıı ııı ıııı ıı ıııııı ııı ıııı ıııııı ıı ııı ıııı ııııı ıı ııı ıııı ıı ıııııı ııı ıııı ıııııı ıı ııı ıııı ııııı ıı ııı ıııı ıı ıııııı ııı ıııı ıııııı ıı ııı ıııı ııııı ıı ııı ıııı ıı ıııııı ııı ıııı ıııııı ıı ııı ıııı ııııı ıı ııı ıııı ıı ıııııı ııı ıııı ıııııı ıı ııı ıııı ııııı ıı ııı ıııı ıı ıııııı ııı ıııı ıııııı ıı ııı ıııı ııııı ıı ııı ıııı ıı ıııııı ııı ıııı ıııııı ıı ııı ıııı ııııı ıı ııı ıııı ıı ıııııı ııı ıııı ıııııı ıı ııı ıııı ııııı ıı ııı ıııı ıı ıııııı ııı ıııı ıııııı ıı ııı ıııı ııııı ıı ııı ıııı ıı ıııııı ııı ıııı ıııııı ıı ııı ıııı ııııı ıı ııı ıııı ıı ıııııı ııı ıııı ıııııı ıı ııı ıııı ııııı ıı ııı ıııı ıı ıııııı ııı ıııı ıııııı ıı ııı ıııı ııııı ıı ııı ıııı ıı ıııııı ııı ıııı ıııııı ıı ııı ıııı ııııı ıı ııı ıııı ıı ıııııı ııı ıııı ıııııı ıı ııı ıııı ııııı ıı ııı ıııı ıı ıııııı ııı ıııı ıııııı ıı ııı ıııı ııııı ıı ııı ıııı ıı ıııııı ııı ıııı ıııııı ıı ııı ıııı ııııı ıı ııı ıııı ıı ıııııı ııı ıııı ıııııı ıı ııı ıııı ııııı ıı ııı ıııı ıı ıııııı ııı ıııı ıııııı ıı ııı ıııı ııııı ıı ııı ıııı ıı ıııııı ııı ıııı ıııııı ıı ııı ıııı ııııı ıı ııı ıııı ıı ıııııı ııı ıııı ıııııı ıı ııı ıııı ııııı ıı ııı ıııı ıı ıııııı ııı ıııı ıııııı ıı ııı ıııı ııııı ıı ııı ıııı ıı ıııııı ııı ıııı ıııııı ıı ııı ıııı ııııı ıı ııı ıııı ıı ıııııı ııı ıııı ıııııı ıı ııı ıııı ııııı ıı ııı ıııı ıı ıııııı ııı ıııı ıııııı ıı ııı ıııı ııııı ıı ııı ıııı ıı ıııııı ııı ıııı ıııııı ıı ııı ıııı ııııı ıı ııı ıııı ıı ıııııı ııı ıııı ıııııı ıı ııı ıııı ııııı ıı ııı ıııı ıı ıııııı ııı ıııı ıııııı ıı ııı ıııı ııııı ıı ııı ıııı ıı ıııııı ııı ıııı ıııııı ıı ııı ıııı ııııı ıı ııı ıııı ıı ıııııı ııı ıııı ıııııı ıı ııı ıııı ııııı ıı ııı ıııı ıı ıııııı ııı ıııı ıııııı ıı ııı ıııı ııııı ıı ııı ıııı ıı ıııııı ııı ıııı ıııııı ıı ııı ıııı ııııı ıı ııı ıııı ıı ıııııı ııı ıııı ıııııı ıı ııı ıııı ııııı ıı ııı ıııı ıı ıııııı ııı ıııı ıııııı ıı ııı ıııı ııııı ıı ııı ıııı ıı ıııııı ııı ıııı ıııııı ıı ııı ıııı ııııı ıı ııı ıııı ıı ıııııı ııı ıııı ıııııı ıı ııı ıııı ııııı ıı ııı ıııı ıı ıııııı ııı ıııı ıııııı ıı ııı ıııı ııııı ıı ııı ıııı ıı ıııııı ııı ıııı ıııııı ıı ııı ıııı ııııı ıı ııı ıııı ıı ıııııı ııı ıııı ıııııı ıı ııı ıııı ııııı ıı ııı ıııı ıı ıııııı ııı ıııı ıııııı ıı ııı ıııı ııııı ıı ııı ıııı ıı ıııııı ııı ıııı ıııııı ıı ııı ıııı ııııı ıı ııı ıııı ıı ıııııı ııı ıııı ıııııı ıı ııı ıııı ııııı ıı ııı ıııı ıı ıııııı ııı ıııı ıııııı ıı ııı ıııı ııııı ıı ııı ıııı ıı ıııııı ııı ıııı ıııııı ıı ııı ıııı ııııı ıı ııı ıııı ıı ıııııı ııı ıııı ıııııı ıı ııı ıııı ııııı ıı ııı ıııı ıı ıııııı ııı ıııı ıııııı ıı ııı ıııı ııııı ıı ııı ıııı ıı ıııııı ııı ıııı ıııııı ıı ııı ıııı ııııı ıı ııı ıııı ıı ıııııı ııı ıııı ıııııı ıı ııı ıııı ııııı ıı ııı ıııı ıı ıııııı ııı ıııı ıııııı ıı ııı ıııı ııııı ıı ııı ıııı ıı ıııııı ııı ıııı ıııııı ıı ııı ıııı ııııı ıı ııı ıııı ıı ıııııı ııı ıııı ıııııı ıı ııı ıııı ııııı ıı ııı ıııı ıı ıııııı ııı ıııı ıııııı ıı ııı ıııı ııııı ıı ııı ıııı ıı ıııııı ııı ıııı ıııııı ıı ııı ıııı ııııı ıı ııı ıııı ıı ıııııı ııı ıııı ıııııı ıı ııı ıııı ııııı ıı ııı ıııı ıı ıııııı ııı ıııı ıııııı ıı ııı ıııı ııııı ıı ııı ıııı ıı ıııııı ııı ıııı ıııııı ıı ııı ıııı ııııı ıı ııı ıııı ıı ıııııı ııı ıııı ıııııı ıı ııı ıııı ııııı ıı ııı ıııı ıı ıııııı ııı ıııı ıııııı ıı ııı ıııı ııııı ıı ııı ıııı ıı ıııııı ııı ıııı ıııııı ıı ııı ıııı ııııı ıı ııı ıııı ıı ıııııı ııı ıııı ıııııı ıı ııı ıııı ııııı ıı ııı ıııı ıı ıııııı ııı ıııı ıııııı ıı ııı ıııı ııııı ıı ııı ıııı ıı ıııııı ııı ıııı ıııııı ıı ııı ıııı ııııı ıı ııı ıııı ıı ıııııı ııı ıııı ıııııı ıı ııı ıııı ııııı ıı ııı ıııı ıı ıııııı ııı ıııı ıııııı ıı ııı ıııı ııııı ıı ııı ıııı ıı ıııııı ııı ıııı ıııııı ıı ııı ıııı ııııı ıı ııı ıııı ıı ıııııı ııı ıııı ıııııı ıı ııı ıııı ııııı ıı ııı ıııı ıı ıııııı ııı ıııı ıııııı ıı ııı ıııı ııııı ıı ııı ıııı ıı ıııııı ııı ıııı ıııııı ıı ııı ıııı ııııı ıı ııı ıııı ıı ıııııı ııı ıııı ıııııı ıı ııı ıııı ııııı ıı ııı ıııı ıı ıııııı ııı ıııı ıııııı ıı ııı ıııı ııııı ıı ııı ıııı ıı ıııııı ııı ıııı ıııııı ıı ııı ıııı ııııı ıı ııı ıııı ıı ıııııı ııı ıııı ıııııı ıı ııı ıııı ııııı ıı ııı ıııı ıı ıııııı ııı ıııı ıııııı ıı ııı ıııı ııııı ıı ııı ıııı ıı ıııııı ııı ıııı ıııııı ıı ııı ıııı ııııı ıı ııı ıııı ıı ıııııı ııı ıııı ıııııı ıı ııı ıııı ııııı ıı ııı ıııı ıı ıııııı ııı ıııı ıııııı ıı ııı ıııı ııııı ıı ııı ıııı ıı ıııııı ııı ıııı ıııııı ıı ııı ıııı ııııı ıı ııı ıııı ıı ıııııı ııı ıııı ıııııı ıı ııı ıııı ııııı ıı ııı ıııı ıı ıııııı ııı ıııı ıııııı ıı ııı ıııı ııııı ıı ııı ıııı ıı ıııııı ııı ıııı ıııııı ıı ııı ıııı ııııı ıı ııı ıııı ıı ıııııı ııı ıııı ıııııı ıı ııı ıııı ııııı ıı ııı ıııı ıı ıııııı ııı ıııı ıııııı ıı ııı ıııı ııııı ıı ııı ıııı ıı ıııııı ııı ıııı ıııııı ıı ııı ıııı ııııı ıı ııı ıııı ıı ıııııı ııı ıııı ıııııı ıı ııı ıııı ııııı ıı ııı ıııı ıı ıııııı ııı ıııı ıııııı ıı ııı ıııı ııııı ıı ııı ıııı ıı ıııııı ııı ıııı ıııııı ıı ııı ıııı ııııı ıı ııı ıııı ıı ıııııı ııı ıııı ıııııı ıı ııı ıııı ııııı ıı ııı ıııı ıı ıııııı ııı ıııı ıııııı ıı ııı ıııı ııııı ıı ııı ıııı ıı ıııııı ııı ıııı ıııııı ıı ııı ıııı ııııı ıı ııı ıııı ıı ıııııı ııı ıııı ıııııı ıı ııı ıııı ııııı ıı ııı ıııı ıı ıııııı ııı ıııı ıııııı ıı ııı ıııı ııııı ıı ııı ıııı ıı ıııııı ııı ıııı ıııııı ıı ııı ıııı ııııı ıı ııı ıııı ıı ıııııı ııı ıııı ıııııı ıı ııı ıııı ııııı ıı ııı ıııı ıı ıııııı ııı ıııı ıııııı ıı ııı ıııı ııııı ıı ııı ıııı ıı ıııııı ııı ıııı ıııııı ıı ııı ıııı ııııı ıı ııı ıııı ıı ıııııı ııı ıııı ıııııı ıı ııı ıııı ııııı ıı ııı ıııı ıı ıııııı ııı ıııı ıııııı ıı ııı ıııı ııııı ıı ııı ıııı ıı ıııııı ııı ıııı ıııııı ıı ııı ıııı ııııı ıı ııı ıııı ıı ıııııı ııı ıııı ıııııı ıı ııı ıııı ııııı ıı ııı ıııı ıı ıııııı ııı ıııı ıııııı ıı ııı ıııı ııııı ıı ııı ıııı ıı ıııııı ııı ıııı ıııııı ıı ııı ıııı ııııı ıı ııı ıııı ıı ıııııı ııı ıııı ıııııı ıı ııı ıııı ııııı ıı ııı ıııı ıı ıııııı ııı ıııı ıııııı ıı ııı ıııı ııııı ıı ııı ıııı ıı ıııııı ııı ıııı ıııııı ıı ııı ıııı ııııı ıı ııı ıııı ıı ıııııı ııı ıııı ıııııı ıı ııı ıııı ııııı ıı ııı ıııı ıı ıııııı ııı ıııı ıııııı ıı ııı ıııı ııııı ıı ııı ıııı ıı ıııııı ııı ıııı ıııııı ıı ııı ıııı ııııı ıı ııı ıııı ıı ıııııı ııı ıııı ıııııı ıı ııı ıııı ııııı ıı ııı ıııı ıı ıııııı ııı ıııı ıııııı ıı ııı ıııı ııııı ıı ııı ıııı ıı ıııııı ııı ıııı ıııııı ıı ııı ıııı ııııı ıı ııı ıııı ıı ıııııı ııı ıııı ıııııı ıı ııı ıııı ııııı ıı ııı ıııı ıı ıııııı ııı ıııı ıııııı ıı ııı ıııı ııııı ıı ııı ıııı ıı ıııııı ııı ıııı ıııııı ıı ııı ıııı ııııı ıı ııı ıııı ıı ıııııı ııı ıııı ıııııı ıı ııı ıııı ııııı ıı ııı ıııı ıı ıııııı ııı ıııı ıııııı ıı ııı ıııı ııııı ıı ııı ıııı ıı ıııııı ııı ıııı ıııııı ıı ııı ıııı ııııı ıı ııı ıııı ıı ıııııı ııı ıııı ıııııı ıı ııı ıııı ııııı ıı ııı ıııı ıı ıııııı ııı ıııı ıııııı ıı ııı ıııı ııııı ıı ııı ıııı ıı ıııııı ııı ıııı ıııııı ıı ııı ıııı ııııı ıı ııı ıııı ıı ıııııı ııı ıııı ıııııı ıı ııı ıııı ııııı ıı ııı ıııı ıı ıııııı ııı ıııı ıııııı ıı ııı ıııı ııııı ıı ııı ıııı ıı ıııııı ııı ıııı ıııııı ıı ııı ıııı ııııı ıı ııı ıııı ıı ıııııı ııı ıııı ıııııı ıı ııı ıııı ııııı ıı ııı ıııı ıı ıııııı ııı ıııı ıııııı ıı ııı ıııı ııııı ıı ııı ıııı ıı ıııııı ııı ıııı ıııııı ıı ııı ıııı ııııı ıı ııı ıııı ıı ıııııı ııı ıııı ıııııı ıı ııı ıııı ııııı ıı ııı ıııı ıı ıııııı ııı ıııı ıııııı ıı ııı ıııı ııııı ıı ııı ıııı ıı ıııııı ııı ıııı ıııııı ıı ııı ıııı ııııı ıı ııı ıııı ıı ıııııı ııı ıııı ıııııı ıı ııı ıııı ııııı ıı ııı ıııı ıı ıııııı ııı ıııı ıııııı ıı ııı ıııı ııııı ıı ııı ıııı ıı ıııııı ııı ıııı ıııııı ıı ııı ıııı ııııı ıı ııı ıııı ıı ıııııı ııı ıııı ıııııı ıı ııı ıııı ııııı ıı ııı ıııı ıı ıııııı ııı ıııı ıııııı ıı ııı ıııı ııııı ıı ııı ıııı ıı ıııııı ııı ıııı ıııııı ıı ııı ıııı ııııı ıı ııı ıııı ıı ıııııı ııı ıııı ıııııı ıı ııı ıııı ııııı ıı ııı ıııı ıı ıııııı ııı ıııı ıııııı ıı ııı ıııı ııııı ıı ııı ıııı ıı ıııııı ııı ıııı ıııııı ıı ııı ıııı ııııı ıı ııı ıııı ıı ıııııı ııı ıııı ıııııı ıı ııı ıııı ııııı ıı ııı ıııı ıı ıııııı ııı ıııı ıııııı ıı ııı ıııı ııııı ıı ııı ıııı ıı ıııııı ııı ıııı ıııııı ıı ııı ıııı ııııı ıı ııı ıııı ıı ıııııı ııı ıııı ıııııı ıı ııı ıııı ııııı ıı ııı ıııı ıı ıııııı ııı ıııı ıııııı ıı ııı ıııı ııııı ıı ııı ıııı ıı ıııııı ııı ıııı ıııııı ıı ııı ıııı ııııı ıı ııı ıııı ıı ıııııı ııı ıııı ıııııı ıı ııı ıııı ııııı ıı ııı ıııı ıı ıııııı ııı ıııı ıııııı ıı ııı ıııı ııııı ıı ııı ıııı ıı ıııııı ııı ıııı ıııııı ıı ııı ıııı ııııı ıı ııı ıııı ıı ıııııı ııı ıııı ıııııı ıı ııı ıııı ııııı ıı ııı ıııı ıı ıııııı ııı ıııı ıııııı ıı ııı ıııı ııııı ıı ııı ıııı ıı ıııııı ııı ıııı ıııııı ıı ııı ıııı ııııı ıı ııı ıııı ıı ıııııı ııı ıııı ıııııı ıı ııı ıııı ııııı ıı ııı ıııı ıı ıııııı ııı ıııı ıııııı ıı ııı ıııı ııııı ıı ııı ıııı ıı ıııııı ııı ıııı ıııııı ıı ııı ıııı ııııı ıı ııı ıııı ıı ıııııı ııı ıııı ıııııı ıı ııı ıııı ııııı ıı ııı ıııı ıı ıııııı ııı ıııı ıııııı ıı ııı ıııı ııııı ıı ııı ıııı ıı ıııııı ııı ıııı ıııııı ıı ııı ıııı ııııı ıı ııı ıııı ıı ıııııı ııı ıııı ıııııı ıı ııı ıııı ııııı ıı ııı ıııı ıı ıııııı ııı ıııı ıııııı ıı ııı ıııı ııııı ıı ııı ıııı ıı ıııııı ııı ıııı ıııııı ıı ııı ıııı ııııı ıı ııı ıııı ıı ıııııı ııı ıııı ıııııı ıı ııı ıııı ııııı ıı ııı ıııı ıı ıııııı ııı ıııı ıııııı ıı ııı ıııı ııııı ıı ııı ıııı ıı ıııııı ııı ıııı ıııııı ıı ııı ıııı ııııı ıı ııı ıııı ıı ıııııı ııı ıııı ıııııı ıı ııı ıııı ııııı ıı ııı ıııı ıı ıııııı ııı ıııı ıııııı ıı ııı ıııı ııııı ıı ııı ıııı ıı ıııııı ııı ıııı ıııııı ıı ııı ıııı ııııı ıı ııı ıııı ıı ıııııı ııı ıııı ıııııı ıı ııı ıııı ııııı ıı ııı ıııı ıı ıııııı ııı ıııı ıııııı ıı ııı ıııı ııııı ıı ııı ıııı ıı ıııııı ııı ıııı ıııııı ıı ııı ıııı ııııı ıı ııı ıııı ıı ıııııı ııı ıııı ıııııı ıı ııı ıııı ııııı ıı ııı ıııı ıı ıııııı ııı ıııı ıııııı ıı ııı ıııı ııııı ıı ııı ıııı ıı ıııııı ııı ıııı ıııııı ıı ııı ıııı ııııı ıı ııı ıııı ıı ıııııı ııı ıııı ıııııı ıı ııı ıııı ııııı ıı ııı ıııı ıı ıııııı ııı ıııı ıııııı ıı ııı ıııı ııııı ıı ııı ıııı ıı ıııııı ııı ıııı ıııııı ıı ııı ıııı ııııı ıı ııı ıııı ıı ıııııı ııı ıııı ıııııı ıı ııı ıııı ııııı ıı ııı ıııı ıı ıııııı ııı ıııı ıııııı ıı ııı ıııı ııııı ıı ııı ıııı ıı ıııııı ııı ıııı ıııııı ıı ııı ıııı ııııı ıı ııı ıııı ıı ıııııı ııı ıııı ıııııı ıı ııı ıııı ııııı ıı ııı ıııı ıı ıııııı ııı ıııı ıııııı ıı ııı ıııı ııııı ıı ııı ıııı ıı ıııııı ııı ıııı ıııııı ıı ııı ıııı ııııı ıı ııı ıııı ıı ıııııı ııı ıııı ıııııı ıı ııı ıııı ııııı ıı ııı ıııı ıı ıııııı ııı ıııı ıııııı ıı ııı ıııı ııııı ıı ııı ıııı ıı ıııııı ııı ıııı ıııııı ıı ııı ıııı ııııı ıı ııı ıııı ıı ıııııı ııı ıııı ıııııı ıı ııı ıııı ııııı ıı ııı ıııı ıı ıııııı ııı ıııı ıııııı ıı ııı ıııı ııııı ıı ııı ıııı ıı ıııııı ııı ıııı ıııııı ıı ııı ıııı ııııı ıı ııı ıııı ıı ıııııı ııı ıııı ıııııı ıı ııı ıııı ııııı ıı ııı ıııı ıı ıııııı ııı ıııı ıııııı ıı ııı ıııı ııııı ıı ııı ıııı ıı ıııııı ııı ıııı ıııııı ıı ııı ıııı ııııı ıı ııı ıııı ıı ıııııı ııı ıııı ıııııı ıı ııı ıııı ııııı ıı ııı ıııı ıı ıııııı ııı ıııı ıııııı ıı ııı ıııı ııııı ıı ııı ıııı ıı ıııııı ııı ıııı ıııııı ıı ııı ıııı ııııı ıı ııı ıııı ıı ıııııı ııı ıııı ıııııı ıı ııı ıııı ııııı ıı ııı ıııı ıı ıııııı ııı ıııı ıııııı ıı ııı ıııı ııııı ıı ııı ıııı ıı ıııııı ııı ıııı ıııııı ıı ııı ıııı ııııı ıı ııı ıııı ıı ıııııı ııı ıııı ıııııı ıı ııı ıııı ııııı ıı ııı ıııı ıı ıııııı ııı ıııı ıııııı ıı ııı ıııı ııııı ıı

waived the citation of the editor to the bar of the Assembly, and proposed a parliamentary commission of inquiry to trace the offence to its springhead. The moderates evidently shrank from so bold a measure; and it is needless to say the subject was going to be hushed up.

ııı ıııı ıı ıııııı ııı ıııı ıııııı ıı ııı ıııı ııııı ıı ııı ıııı ıı ıııııı ııı ıııı ıııııı ıı ııı ıııı ııııı ıı ııı ıııı ıı ıııııı ııı ıııı ıııııı ıı ııı ıııı ııııı ıı ııı ıııı ıı ıııııı ııı ıııı ıııııı ıı ııı ıııı ııııı ıı ııı ıııı ıı ıııııı ııı ıııı ıııııı ıı ııı ıııı ııııı ıı ııı ıııı ıı ıııııı ııı ıııı ıııııı ıı ııı ıııı ııııı ıı ııı ıııı ıı ıııııı ııı ıııı ıııııı ıı ııı ıııı ııııı ıı ııı ıııı ıı ıııııı ııı ıııı ıııııı ıı ııı ıııı ııııı ıı ııı ıııı ıı ıııııı ııı ıııı ıııııı ıı ııı ıııı ııııı ıı ııı ıııı ıı ıııııı ııı ıııı ıııııı ıı ııı ıııı ııııı ıı ııı ıııı ıı ıııııı ııı ıııı ıııııı ıı ııı ıııı ııııı ıı ııı ıııı ıı ıııııı ııı ıııı ıııııı ıı ııı ıııı ııııı ıı ııı ıııı ıı ıııııı ııı ıııı ıııııı ıı ııı ıııı ııııı ıı ııı ıııı ıı ıııııı ııı ıııı ıııııı ıı ııı ıııı ııııı ıı ııı ıııı ıı ıııııı ııı ıııı ıııııı ıı ııı ıııı ııııı ıı ııı ıııı ıı ıııııı ııı ıııı ıııııı ıı ııı ıııı ııııı ıı ııı ıııı ıı ıııııı ııı ıııı ıııııı ıı ııı ıııı ııııı ıı ııı ıııı ıı ıııııı ııı ıııı ıııııı ıı ııı ıııı ııııı ıı ııı ıııı ıı ıııııı ııı ıııı ıııııı ıı ııı ıııı ııııı ıı ııı ıııı ıı ıııııı ııı ıııı ıııııı ıı ııı ıııı ııııı ıı ııı ıııı ıı ıııııı ııı ıııı ıııııı ıı ııı ıııı ııııı ıı ııı ıııı ıı ıııııı ııı ıııı ıııııı ıı ııı ıııı ııııı ıı ııı ıııı ıı ıııııı ııı ıııı ıııııı ıı ııı ıııı ııııı ıı ııı ıııı ıı ıııııı ııı ıııı ıııııı ıı ııı ıııı ııııı ıı ııı ıııı ıı ıııııı ııı ıııı ıııııı ıı ııı ıııı ııııı ıı ııı ıııı ıı ıııııı ııı ıııı ıııııı ıı ııı ıııı ııııı ıı ııı ıııı ıı ıııııı ııı ıııı ıııııı ıı ııı ıııı ııııı ıı ııı ıııı ıı ıııııı ııı ıııı ıııııı ıı ııı ıııı ııııı ıı ııı ıııı ıı ıııııı ııı ıııı ıııııı ıı ııı ıııı ııııı ıı ııı ıııı ıı ıııııı ııı ıııı ıııııı ıı ııı ıııı ııııı ıı ııı ıııı ıı ıııııı ııı ıııı ıııııı ıı ııı ıııı ııııı ıı ııı ıııı ıı ıııııı ııı ıııı ıııııı ıı ııı ıııı ııııı ıı ııı ıııı ıı ıııııı ııı ıııı ıııııı ıı ııı ıııı ııııı ıı ııı ıııı ıı ıııııı ııı ıııı ıııııı ıı ııı ıııı ııııı ıı ııı ıııı ıı ıııııı ııı ıııı ıııııı ıı ııı ıııı ııııı ıı ııı ıııı ıı ıııııı ııı ıııı ıııııı ıı ııı ıııı ııııı ıı ııı ıııı ıı ıııııı ııı ıııı ıııııı ıı ııı ıııı ııııı ıı ııı ıııı ıı ıııııı ııı ıııı ıııııı ıı ııı ıııı ııııı ıı ııı ıııı ıı ıııııı ııı ıııı ıııııı ıı ııı ıııı ııııı ıı ııı ıııı ıı ıııııı ııı ıııı ıııııı ıı ııı ıııı ııııı ıı ııı ıııı ıı ıııııı ııı ıııı ıııııı ıı ııı ıııı ııııı ıı ııı ıııı ıı ıııııı ııı ıııı ıııııı ıı ııı ıııı ııııı ıı ııı ıııı ıı ıııııı ııı ıııı ıııııı ıı ııı ıııı ııııı ıı ııı ıııı ıı ıııııı ııı ıııı ıııııı ıı ııı ıııı ııııı ıı ııı ıııı ıı ıııııı ııı ıııı ıııııı ıı ııı ıııı ııııı ıı ııı ıııı ıı ıııııı ııı ıııı ıııııı ıı ııı ıııı ııııı ıı ııı ıııı ıı ıııııı ııı ıııı ıııııı ıı ııı ıııı ııııı ıı ııı ıııı ıı ıııııı ııı ıııı ıııııı ıı ııı ıııı ııııı ıı ııı ıııı ıı ıııııı ııı ıııı ıııııı ıı ııı ıııı ııııı ıı ııı ıııı ıı ıııııı ııı ıııı ıııııı ıı ııı ıııı ııııı ıı ııı ıııı ıı ıııııı ııı ıııı ıııııı ıı ııı ıııı ııııı ıı ııı ıııı ıı ıııııı ııı ıııı ıııııı ıı ııı ıııı ııııı ıı ııı ıııı ıı ıııııı ııı ıııı ıııııı ıı ııı ıııı ııııı ıı ııı ıııı ıı ıııııı ııı ıııı ıııııı ıı ııı ıııı ııııı ıı ııı ıııı ıı ıııııı ııı ıııı ıııııı ıı ııı ıııı ııııı ıı ııı ıııı ıı ıııııı ııı ıııı ıııııı ıı ııı ıııı ııııı ıı ııı ıııı ıı ıııııı ııı ıııı ıııııı ıı ııı ıııı ııııı ıı ııı ıııı ıı ıııııı ııı ıııı ıııııı ıı ııı ıııı ııııı ıı ııı ıııı ıı ıııııı ııı ıııı ıııııı ıı ııı ıııı ııııı ıı ııı ıııı ıı ıııııı ııı ıııı ıııııı ıı ııı ıııı ııııı ıı
ITALY.

Rome, July 20.—The dulness and dejection of the Eternal City are only occasionally and painfully relieved by political trials, condemnations, plots, and assassinations. Rome is still garrisoned by French troops, and the Pope appears in no hurry to return.

ııı ıııı ıı ıııııı ııı ıııı ıııııı ıı ııı ıııı ııııı ıı ııı ıııı ıı ıııııı ııı ıııı ıııııı ıı ııı ıııı ııııı ıı ııı ıııı ıı ıııııı ııı ıııı ıııııı ıı ııı ıııı ııııı ıı ııı ıııı ıı ıııııı ııı ıııı ıııııı ıı ııı ıııı ııııı ıı ııı ıııı ıı ıııııı ııı ıııı ıııııı ıı ııı ıııı ııııı ıı ııı ıııı ıı ıııııı ııı ıııı ıııııı ıı ııı ıııı ııııı ıı ııı ıııı ıı ıııııı ııı ıııı ıııııı ıı ııı ıııı ııııı ıı ııı ıııı ıı ıııııı ııı ıııı ıııııı ıı ııı ıııı ııııı ıı ııı ıııı ıı ıııııı ııı ıııı ıııııı ıı ııı ıııı ııııı ıı ııı ıııı ıı ıııııı ııı ıııı ıııııı ıı ııı ıııı ııııı ıı ııı ıııı ıı ıııııı ııı ıııı ıııııı ıı ııı ıııı ııııı ıı ııı ıııı ıı ıııııı ııı ıııı ıııııı ıı ııı ıııı ııııı ıı ııı ıııı ıı ıııııı ııı ıııı ıııııı ıı ııı ıııı ııııı ıı ııı ıııı ıı ıııııı ııı ıııı ıııııı ıı ııı ıııı ııııı ıı ııı ıııı ıı ıııııı ııı ıııı ıııııı ıı ııı ıııı ııııı ıı ııı ıııı ıı ıııııı ııı ıııı ıııııı ıı ııı ıııı ııııı ıı ııı ıııı ıı ıııııı ııı ıııı ıııııı ıı ııı ıııı ııııı ıı ııı ıııı ıı ıııııı ııı ıııı ıııııı ıı ııı ıııı ııııı ıı ııı ıııı ıı ıııııı ııı ıııı ıııııı ıı ııı ıııı ııııı ıı ııı ıııı ıı ıııııı ııı ıııı ıııııı ıı ııı ıııı ııııı ıı ııı ıııı ıı ıııııı ııı ıııı ıııııı ıı ııı ıııı ııııı ıı ııı ıııı ıı ıııııı ııı ıııı ıııııı ıı ııı ıııı ııııı ıı ııı ıııı ıı ıııııı ııı ıııı ıııııı ıı ııı ıııı ııııı ıı ııı ıııı ıı ıııııı ııı ıııı ıııııı ıı ııı ıııı ııııı ıı ııı ıııı ıı ıııııı ııı ıııı ıııııı ıı ııı ıııı ııııı ıı ııı ıııı ıı ıııııı ııı ıııı ıııııı ıı ııı ıııı ııııı ıı ııı ıııı ıı ıııııı ııı ıııı ıııııı ıı ııı ıııı ııııı ıı ııı ıııı ıı ıııııı ııı ıııı ıııııı ıı ııı ıııı ııııı ıı ııı ıııı ıı ıııııı ııı ıııı ıııııı ıı ııı ıııı ııııı ıı ııı ıııı ıı ıııııı ııı ıııı ıııııı ıı ııı ıııı ııııı ıı ııı ıııı ıı ıııııı ııı ıııı ıııııı ıı ııı ıııı ııııı ıı ııı ıııı ıı ıııııı ııı ıııı ıııııı ıı ııı ıııı ııııı ıı ııı ıııı ıı ıııııı ııı ıııı ıııııı ıı ııı ıııı ııııı ıı ııı ıııı ıı ıııııı ııı ıııı ıııııı ıı ııı ıııı ııııı ıı ııı ıııı ıı ıııııı ııı ıııı ıııııı ıı ııı ıııı ııııı ıı ııı ıııı ıı ıııııı ııı ıııı ıııııı ıı ııı ıııı ııııı ıı ııı ıııı ıı ıııııı ııı ıııı ıııııı ıı ııı ıııı ııııı ıı ııı ıııı ıı ıııııı ııı ıııı ıııııı ıı ııı ıııı ııııı ıı ııı ıııı ıı ıııııı ııı ıııı ıııııı ıı ııı ıııı ııııı ıı ııı ıııı ıı ıııııı ııı ıııı ıııııı ıı ııı ıııı ııııı ıı ııı ıııı ıı ıııııı ııı ıııı ıııııı ıı ııı ıııı ııııı ıı ııı ıııı ıı ıııııı ııı ıııı ıııııı ıı ııı ıııı ııııı ıı ııı ıııı ıı ıııııı ııı ıııı ıııııı ıı ııı ıııı ııııı ıı ııı ıııı ıı ıııııı ııı ıııı ıııııı ıı ııı ıııı ııııı ıı ııı ıııı ıı ıııııı ııı ıııı ıııııı ıı ııı ıııı ııııı ıı ııı ıııı ıı ıııııı ııı ıııı ıııııı ıı ııı ıııı ııııı ıı ııı ıııı ıı ıııııı ııı ıııı ıııııı ıı ııı ıııı ııııı ıı ııı ıııı ıı ıııııı ııı ıııı ıııııı ıı ııı ıııı ııııı ıı ııı ıııı ıı ıııııı ııı ıııı ıııııı ıı ııı ıııı ııııı ıı ııı ıııı ıı ıııııı ııı ıııı ıııııı ıı ııı ıııı ııııı ıı ııı ıııı ıı ıııııı ııı ıııı ıııııı ıı ııı ıııı ııııı ıı ııı ıııı ıı ıııııı ııı ıııı ıııııı ıı ııı ıııı ııııı ıı ııı ıııı ıı ıııııı ııı ıııı ıııııı ıı ııı ıııı ııııı ıı ııı ıııı ıı ıııııı ııı ıııı ıııııı ıı ııı ıııı ııııı ıı ııı ıııı ıı ıııııı ııı ıııı ıııııı ıı ııı ıııı ııııı ıı ııı ıııı ıı ıııııı ııı ıııı ıııııı ıı ııı ıııı ııııı ıı ııı ıııı ıı ıııııı ııı ıııı ıııııı ıı ııı ıııı ııııı ıı ııı ıııı ıı ıııııı ııı ıııı ıııııı ıı ııı ıııı ııııı ıı ııı ıııı ıı ıııııı ııı ıııı ıııııı ıı ııı ıııı ııııı ıı ııı ıııı ıı ıııııı ııı ıııı ıııııı ıı ııı ıııı ııııı ıı ııı ıııı ıı ıııııı ııı ıııı ıııııı ıı ııı ıııı ııııı ıı ııı ıııı ıı ıııııı ııı ıııı ıııııı ıı ııı ıııı ııııı ıı ııı ıııı ıı ıııııı ııı ıııı ıııııı ıı ııı ıııı ııııı ıı ııı ıııı ıı ıııııı ııı ıııı ıııııı ıı ııı ıııı ııııı ıı ııı ıııı ıı ıııııı ııı ıııı ıııııı ıı ııı ıııı ııııı ıı ııı ıııı ıı ıııııı ııı ıııı ıııııı ıı ııı ıııı ııııı ıı ııı ıııı ıı ıııııı ııı ıııı ıııııı ıı ııı ıııı ııııı ıı ııı ıııı ıı ıııııı ııı ıııı ıııııı ıı ııı ıııı ııııı ıı ııı ıııı ıı ıııııı ııı ıııı ıııııı ıı ııı ıııı ııııı ıı ııı ıııı ıı ıııııı ııı ıııı ıııııı ıı ııı ıııı ııııı ıı ııı ıııı ıı ıııııı ııı ıııı ıııııı ıı ııı ıııı ııııı ıı ııı ıııı ıı ıııııı ııı ıııı ıııııı ıı ııı ıııı ııııı ıı ııı ıııı ıı ıııııı ııı ıııı ıııııı ıı ııı ıııı ııııı ıı ııı ıııı ıı ıııııı ııı ıııı ıııııı ıı ııı ıııı ııııı ıı ııı ıııı ıı ıııııı ııı ıııı ıııııı ıı ııı ıııı ııııı ıı ııı ıııı ıı ıııııı ııı ıııı ıııııı ıı ııı ıııı ııııı ıı ııı ıııı ıı ıııııı ııı ıııı ıııııı ıı ııı ıııı ııııı ıı ııı ıııı ıı ıııııı ııı ıııı ıııııı ıı ııı ıııı ııııı ıı ııı ıııı ıı ıııııı ııı ıııı ıııııı ıı ııı ıııı ııııı ıı ııı ıııı ıı ıııııı ııı ıııı ıııııı ıı ııı ıııı ııııı ıı ııı ıııı ıı ıııııı ııı ıııı ıııııı ıı ııı ıııı ııııı ıı ııı ıııı ıı ıııııı ııı ıııı ıııııı ıı ııı ıııı ııııı ıı ııı ıııı ıı ıııııı ııı ıııı ıııııı ıı ııı ıııı ııııı ıı ııı ıııı ıı ıııııı ııı ıııı ıııııı ıı ııı ıııı ııııı ıı ııı ıııı ıı ıııııı ııı ıııı ıııııı ıı ııı ıııı ııııı ıı ııı ıııı ıı ıııııı ııı ıııı ıııııı ıı ııı ıııı ııııı ıı ııı ıııı ıı ıııııı ııı ıııı ıııııı ıı ııı ıııı ııııı ıı ııı ıııı ıı ıııııı ııı ıııı ıııııı ıı ııı ıııı ııııı ıı ııı ıııı ıı ıııııı ııı ıııı ıııııı ıı ııı ıııı ııııı ıı ııı ıııı ıı ıııııı ııı ıııı ıııııı ıı ııı ıııı ııııı ıı ııı ıııı ıı ıııııı ııı ıııı ıııııı ıı ııı ıııı ııııı ıı ııı ıııı ıı ıııııı ııı ıııı ıııııı ıı ııı ıııı ııııı ıı ııı ıııı ıı ıııııı ııı ıııı ıııııı ıı ııı ıııı ııııı ıı ııı ıııı ıı ıııııı ııı ıııı ıııııı ıı ııı ıııı ııııı ıı ııı ıııı ıı ıııııı ııı ıııı ıııııı ıı ııı ıııı ııııı ıı ııı ıııı ıı ıııııı ııı ıııı ıııııı ıı ııı ıııı ııııı ıı ııı ıııı ıı ıııııı ııı ıııı ıııııı ıı ııı ıııı ııııı ıı ııı ıııı ıı ıııııı ııı ıııı ıııııı ıı ııı ıııı ııııı ıı ııı ıııı ıı ıııııı ııı ıııı ıııııı ıı ııı ıııı ııııı ıı ııı ıııı ıı ıııııı ııı ıııı ıııııı ıı ııı ıııı ııııı ıı ııı ıııı ıı ıııııı ııı ıııı ıııııı ıı ııı ıııı ııııı ıı ııı ıııı ıı ıııııı ııı ıııı ıııııı ıı ııı ıııı ııııı ıı ııı ıııı ıı ıııııı ııı ıııı ıııııı ıı ııı ıııı ııııı ıı ııı ıııı ıı ıııııı ııı ıııı ıııııı ıı ııı ıııı ııııı ıı ııı ıııı ıı ıııııı ııı ıııı ıııııı ıı ııı ıııı ııııı ıı ııı ıııı ıı ıııııı ııı ıııı ıııııı ıı ııı ıııı ııııı ıı ııı ıııı ıı ıııııı ııı ıııı ıııııı ıı ııı ıııı ııııı ıı ııı ıııı ıı ıııııı ııı ıııı ıııııı ıı ııı ıııı ııııı ıı ııı ıııı ıı ıııııı ııı ıııı ıııııı ıı ııı ıııı ııııı ıı ııı ıııı ıı ıııııı ııı ıııı ıııııı ıı ııı ıııı ııııı ıı ııı ıııı ıı ıııııı ııı ıııı ıııııı ıı ııı ıııı ııııı ıı ııı ıııı ıı ıııııı ııı ıııı ıııııı ıı ııı ıııı ııııı ıı ııı ıııı ıı ıııııı ııı ıııı ıııııı ıı ııı ıııı ııııı ıı ııı ıııı ıı ıııııı ııı ıııı ıııııı ıı ııı ıııı ııııı ıı ııı ıııı ıı ıııııı ııı ıııı ıııııı ıı ııı ıııı ııııı ıı ııı ıııı ıı ıııııı ııı ıııı ıııııı ıı ııı ıııı ııııı ıı ııı ıııı ıı ıııııı ııı ıııı ıııııı ıı ııı ıııı ııııı ıı ııı ıııı ıı ıııııı ııı ıııı ıııııı ıı ııı ıııı ııııı ıı ııı ıııı ıı ıııııı ııı ıııı ıııııı ıı ııı ıııı ııııı ıı ııı ıııı ıı ıııııı ııı ıııı ıııııı ıı ııı ıııı ııııı ıı ııı ıııı ıı ıııııı ııı ıııı ıııııı ıı ııı ıııı ııııı ıı ııı ıııı ıı ıııııı ııı ıııı ıııııı ıı ııı ıııı ııııı ıı ııı ıııı ıı ıııııı ııı ıııı ıııııı ıı ııı ıııı ııııı ıı ııı ıııı ıı ıııııı ııı ıııı ıııııı ıı ııı ıııı ııııı ıı ııı ıııı ıı ıııııı ııı ıııı ıııııı ıı ııı ıııı ııııı ıı ııı ıııı ıı ıııııı ııı ıııı ıııııı ıı ııı ıııı ııııı ıı ııı ıııı ıı ıııııı ııı ıııı ıııııı ıı ııı ıııı ııııı ıı ııı ıııı ıı ıııııı ııı ıııı ıııııı ıı ııı ıııı ııııı ıı ııı ıııı ıı ıııııı ııı ıııı ıııııı ıı ııı ıııı ııııı ıı ııı ıııı ıı ıııııı ııı ıııı ıııııı ıı ııı ıııı ııııı ıı ııı ıııı ıı ıııııı ııı ıııı ıııııı ıı ııı ıııı ııııı ıı ııı ıııı ıı ıııııı ııı ıııı ıııııı ıı ııı ıııı ııııı ıı ııı ıııı ıı ıııııı ııı ıııı ıııııı ıı ııı ıııı ııııı ıı ııı ıııı ıı ıııııı ııı ıııı ıııııı ıı ııı ıııı ııııı ıı ııı ıııı ıı ıııııı ııı ıııı ıııııı ıı ııı ıııı ııııı ıı ııı ıııı ıı ıııııı ııı ıııı ıııııı ıı ııı ıııı ııııı ıı ııı ıııı ıı ıııııı ııı ıııı ıııııı ıı ııı ıııı ııııı ıı ııı ıııı ıı ıııııı ııı ıııı ıııııı ıı ııı ıııı ııııı ıı ııı ıııı ıı ıııııı ııı ıııı ıııııı ıı ııı ıııı ııııı ıı ııı ıııı ıı ıııııı ııı ıııı ıııııı ıı ııı ıııı ııııı ıı ııı ıııı ıı ıııııı ııı ıııı ıııııı ıı ııı ıııı ııııı ıı ııı ıııı ıı ıııııı ııı ıııı ıııııı ıı ııı ıııı ııııı ıı ııı ıııı ıı ıııııı ııı ıııı ıııııı ıı ııı ıııı ııııı ıı ııı ıııı ıı ıııııı ııı ıııı ıııııı ıı ııı ıııı ııııı ıı ııı ıııı ıı ıııııı ııı ıııı ıııııı ıı ııı ıııı ııııı ıı ııı ıııı ıı ıııııı ııı ıııı ıııııı ıı ııı ıııı ııııı ıı ııı ıııı ıı ıııııı ııı ıııı ıııııı ıı ııı ıııı ııııı ıı ııı ıııı ıı ıııııı ııı ıııı ıııııı ıı ııı ıııı ııııı ıı ııı ıııı ıı ıııııı ııı ıııı ıııııı ıı ııı ıııı ııııı ıı ııı ıııı ıı ıııııı ııı ıııı ıııııı ıı ııı ıııı ııııı ıı ııı ıııı ıı ıııııı ııı ıııı ıııııı ıı ııı ıııı ııııı ıı ııı ıııı ıı ıııııı ııı ıııı ıııııı ıı ııı ıııı ııııı ıı ııı ıııı ıı ıııııı ııı ıııı ıııııı ıı ııı ıııı ııııı ıı ııı ıııı ıı ıııııı ııı ıııı ıııııı ıı ııı ıııı ııııı ıı ııı ıııı ıı ıııııı ııı ıııı ıııııı ıı ııı ıııı ııııı ıı ııı ıııı ıı ıııııı ııı ıııı ıııııı ıı ııı ıııı ııııı ıı ııı ıııı ıı ıııııı ııı ıııı ıııııı ıı ııı ıııı ııııı ıı ııı ıııı ıı ıııııı ııı ıııı ıııııı ıı ııı ıııı ııııı ıı ııı ıııı ıı ıııııı ııı ıııı ıııııı ıı ııı ıııı ııııı ıı ııı ıııı ıı ıııııı ııı ıııı ıııııı ıı ııı ıııı ııııı ıı ııı ıııı ıı ıııııı ııı ıııı ıııııı ıı ııı ıııı ııııı ıı ııı ıııı ıı ıııııı ııı ıııı ıııııı ıı ııı ıııı ııııı ıı ııı ıııı ıı ıııııı ııı ıııı ıııııı ıı ııı ıııı ııııı ıı ııı ıııı ıı ıııııı ııı ıııı ıııııı ıı ııı ıııı ııııı ıı ııı ıııı ıı ıııııı ııı ıııı ıııııı ıı ııı ıııı ııııı ıı ııı ıııı ıı ıııııı ııı ıııı ıııııı ıı ııı ıııı ııııı ıı ııı ıııı ıı ıııııı ııı ıııı ıııııı ıı ııı ıııı ııııı ıı ııı ıııı ıı ıııııı ııı ıııı ıııııı ıı ııı ıııı ııııı ıı ııı ıııı ıı ıııııı ııı ıııı ıııııı ıı ııı ıııı ııııı ıı ııı ıııı ıı ıııııı ııı ıııı ıııııı ıı ııı ıııı ııııı ıı ııı ıııı ıı ıııııı ııı ıııı ıııııı ıı ııı ıııı ııııı ıı ııı ıııı ıı ıııııı ııı ıııı ıııııı ıı ııı ıııı ııııı ıı ııı ıııı ıı ıııııı ııı ıııı ıııııı ıı ııı ıııı ııııı ıı ııı ıııı ıı ıııııı ııı ıııı ıııııı ıı ııı ıııı ııııı ıı ııı ıııı ıı ıııııı ııı ıııı ıııııı ıı ııı ıııı ııııı ıı ııı ıııı ıı ıııııı ııı ıııı ıııııı ıı ııı ıııı ııııı ıı ııı ıııı ıı ıııııı ııı ıııı ıııııı ıı ııı ıııı ııııı ıı ııı ıııı ıı ıııııı ııı ıııı ıııııı ıı ııı ıııı ııııı ıı ııı ıııı ıı ıııııı ııı ıııı ıııııı ıı ııı ıııı ııııı ıı ııı ıııı ıı ıııııı ııı ıııı ıııııı ıı ııı ıııı ııııı ıı ııı ıııı ıı ıııııı ııı ıııı ıııııı ıı ııı ıııı ııııı ıı ııı ıııı ıı ıııııı ııı ıııı ıııııı ıı ııı ıııı ııııı ıı ııı ıııı ıı ıııııı ııı ıııı ıııııı ıı ııı ıııı ııııı ıı ııı ıııı ıı ıııııı ııı ıııı ıııııı ıı ııı ıııı ııııı ıı ııı ıııı ıı ıııııı ııı ıııı ıııııı ıı ııı ıııı ııııı ıı ııı ıııı ıı ıııııı ııı ıııı ıııııı ıı ııı ıııı ııııı ıı ııı ıııı ıı ıııııı ııı ıııı ıııııı ıı ııı ıııı ııııı ıı ııı ıııı ıı ıııııı ııı ıııı ıııııı ıı ııı ıııı ııııı ıı ııı ıııı ıı ıııııı ııı ıııı ıııııı ıı ııı ıııı ııııı ıı ııı ıııı ıı ıııııı ııı ıııı ıııııı ıı ııı ıııı ııııı ıı ııı ıııı ıı ıııııı ııı ıııı ıııııı ıı ııı ıııı ııııı ıı ııı ıııı ıı ıııııı ııı ıııı ıııııı ıı ııı ıııı ııııı ıı ııı ıııı ıı ıııııı ııı ıııı ıııııı ıı ııı ıııı ııııı ıı ııı ıııı ıı ıııııı ııı ıııı ıııııı ıı ııı ıııı ııııı ıı ııı ıııı ıı ıııııı ııı ıııı ıııııı ıı ııı ıııı ııııı ıı ııı ıııı ıı ıııııı ııı ıııı ıııııı ıı ııı ıııı ııııı ıı ııı ıııı ıı ıııııı ııı ıııı ıııııı ıı ııı ıııı ııııı ıı ııı ıııı ıı ıııııı ııı ıııı ıııııı ıı ııı ıııı ııııı ıı ııı ıııı ıı ıııııı ııı ıııı ıııııı ıı ııı ıııı ııııı ıı ııı ıııı ıı ıııııı ııı ıııı ıııııı ıı ııı ıııı ııııı ıı

construction of Bengal lights; and although it was proved that they had never in any such fireworks off, or that it was ever their intention to do so, they were condemned to twenty years of the galleys.

ııı ıııı ıı ıııııı ııı ıııı ıııııı ıı ııı ıııı ııııı ıı ııı ıııı ıı ıııııı ııı ıııı ıııııı ıı ııı ıııı ııııı ıı ııı ıııı ıı ıııııı ııı ıııı ıııııı ıı ııı ıııı ııııı ıı ııı ıııı ıı ıııııı ııı ıııı ıııııı ıı ııı ıııı ııııı ıı ııı ıııı ıı ıııııı ııı ıııı ıııııı ıı ııı ıııı ııııı ıı ııı ıııı ıı ıııııı ııı ıııı ıııııı ıı ııı ıııı ııııı ıı ııı ıııı ıı ıııııı ııı ıııı ıııııı ıı ııı ıııı ııııı ıı ııı ıııı ıı ıııııı ııı ıııı ıııııı ıı ııı ıııı ııııı ıı ııı ıııı ıı ıııııı ııı ıııı ıııııı ıı ııı ıııı ııııı ıı ııı ıııı ıı ıııııı ııı ıııı ıııııı ıı ııı ıııı ııııı ıı
SPAIN.

Madrid, July 22.—The 'Gazette' of yesterday contained the decree of amnesty granted on the occasion of the Queen's delivery.

ııı ıııı ıı ıııııı ııı ıııı ıııııı ıı ııı ıııı ııııı ıı ııı ıııı ıı ıııııı ııı ıııı ıııııı ıı ııı ıııı ııııı ıı ııı ıııı ıı ıııııı ııı ıııı ıııııı ıı ııı ıııı ııııı ıı ııı ıııı ıı ıııııı ııı ıııı ıııııı ıı ııı ıııı ııııı ıı ııı ıııı ıı ıııııı ııı ıııı ıııııı ıı ııı ıııı ııııı ıı ııı ıııı ıı ıııııı ııı ıııı ıııııı ıı ııı ıııı ııııı ıı ııı ıııı ıı ıııııı ııı ıııı ıııııı ıı ııı ıııı ııııı ıı ııı ıııı ıı ıııııı ııı ıııı ıııııı ıı ııı ıııı ııııı ıı ııı ıııı ıı ıııııı ııı ıııı ıııııı ıı ııı ıııı ııııı ıı ııı ıııı ıı ıııııı ııı ıııı ıııııı ıı ııı ıııı ııııı ıı
GREECE.

FINAL ADJUSTMENT OF THE GREEK DIFFERENCE.—Despatches of the 25th ult. from Marseilles give the following news:—The state of uncertainty which had existed in Greece has been brought to a close.

ııı ıııı ıı ıııııı ııı ıııı ıııııı ıı ııı ıııı ııııı ıı ııı ıııı ıı ıııııı ııı ıııı ıııııı ıı ııı ıııı ııııı ıı ııı ıııı ıı ıııııı ııı ıııı ıııııı ıı ııı ıııı ııııı ıı ııı ıııı ıı ıııııı ııı ıııı ıııııı ıı ııı ıııı ııııı ıı ııı ıııı ıı ıııııı ııı ıııı ıııııı ıı ııı ıııı ııııı ıı ııı ıııı ıı ıııııı ııı ıııı ıııııı ıı ııı ıııı ııııı ıı ııı ıııı ıı ıııııı ııı ıııı ıııııı ıı ııı ıııı ııııı ıı ııı ıııı ıı ıııııı ııı ıııı ıııııı ıı ııı ıııı ııııı ıı ııı ıııı ıı ıııııı ııı ıııı ıııııı ıı ııı ıııı ııııı ıı ııı ıııı ıı ıııııı ııı ıııı ıııııı ıı ııı ıııı ııııı ıı
TURKEY.
ııı ıııı ıı ıııııı ııı ıııı ıııııı ıı ııı ıııı ııııı ıı ııı ıııı ıı ıııııı ııı ıııı ıııııı ıı ııı ıııı ııııı ıı ııı ıııı ıı ıııııı ııı ıııı ıııııı ıı ııı ıııı ııııı ıı ııı ıııı ıı ıııııı ııı ıııı ıııııı ıı ııı ıııı ııııı ıı ııı ıııı ıı ıııııı ııı ıııı ıııııı ıı ııı ıııı ııııı ıı ııı ıııı ıı ıııııı ııı ıııı ıııııı ıı ııı ıııı ııııı ıı ııı ıııı ıı ıııııı ııı ıııı ıııııı ıı ııı ıııı ııııı ıı ııı ıııı ıı ıııııı ııı ıııı ıııııı ıı ııı ıııı ııııı ıı ııı ıııı ıı ıııııı ııı ıııı ıııııı ıı ııı ıııı ııııı ıı ııı ıııı ıı ıııııı ııı ıııı ıııııı ıı ııı ıııı ııııı ıı
INDIA.
ııı ıııı ıı ıııııı ııı ıııı ıııııı ıı ııı ıııı ııııı ıı ııı ıııı ıı ıııııı ııı ıııı ıııııı ıı ııı ıııı ııııı ıı ııı ıııı ıı ıııııı ııı ıııı ıııııı ıı ııı ıııı ııııı ıı ııı ıııı ıı ıııııı ııı ıııı ıııııı ıı ııı ıııı ııııı ıı ııı ıııı ıı ıııııı ııı ıııı ıııııı ıı ııı ıııı ııııı ıı ııı ıııı ıı ıııııı ııı ıııı ıııııı ıı ııı ıııı ııııı ıı ııı ıııı ıı ıııııı ııı ıııı ıııııı ıı ııı ıııı ııııı ıı ııı ıııı ıı ıııııı ııı ıııı ıııııı ıı ııı ıııı ııııı ıı ııı ıııı ıı ıııııı ııı ıııı ıııııı ıı ııı ıııı ııııı ıı ııı ıııı ıı ıııııı ııı ıııı ıııııı ıı ııı ıııı ııııı ıı
AMERICA.
ııı ıııı ıı ıııııı ııı ıııı ıııııı ıı ııı ıııı ııııı ıı ııı ıııı ıı ıııııı ııı ıııı ıııııı ıı ııı ıııı ııııı ıı ııı ıııı ıı ıııııı ııı ıııı ıııııı ıı ııı ıııı ııııı ıı ııı ıııı ıı ıııııı ııı ıııı ıııııı ıı ııı ıııı ııııı ıı ııı ıııı ıı ıııııı ııı ıııı ıııııı ıı ııı ıııı ııııı ıı ııı ıııı ıı ıııııı ııı ıııı ıııııı ıı ııı ıııı ııııı ıı ııı ıııı ıı ıııııı ııı ıııı ıııııı ıı ııı ıııı ııııı ıı ııı ıııı ıı ıııııı ııı ıııı ıııııı ıı ııı ıııı ııııı ıı ııı ıııı ıı ıııııı ııı ıııı ıııııı ıı ııı ıııı ııııı ıı ııı ıııı ıı ıııııı ııı ıııı ıııııı ıı ııı ıııı ııııı ıı ııı ıııı ıı ıııııı ııı ıııı ıııııı ıı ııı ıııı ııııı ıı ııı ıııı ıı ıııııı ııı ıııı ıııııı ıı ııı ıııı ııııı ıı ııı ıııı ıı ıııııı ııı ıııı ıııııı ıı ııı ıııı ııııı ıı ııı ıııı ıı ıııııı ııı ıııı ıııııı ıı ııı ıııı ııııı ıı ııı ıııı ıı ıııııı ııı ıııı ıııııı ıı ııı ıııı ııııı ıı ııı ıııı ıı ıııııı ııı ıııı ıııııı ıı ııı ıııı ııııı ıı ııı ıııı ıı ıııııı ııı ıııı ıııııı ıı ııı ıııı ııııı ıı ııı ıııı ıı ıııııı ııı ıııı ıııııı ıı ııı ıııı ııııı ıı ııı ıııı ıı ıııııı ııı ıııı ıııııı ıı ııı ıııı ııııı ıı ııı ıııı ıı ıııııı ııı ıııı ıııııı ıı ııı ıııı ııııı ıı ııı ıııı ıı ıııııı ııı ıııı ıııııı ıı ııı ıııı ııııı ıı ııı ıııı ıı ıııııı ııı ıııı ıııııı ıı ııı ıııı ııııı ıı ııı ıııı ıı ıııııı ııı ıııı ıııııı ıı ııı ıııı ııııı ıı ııı ıııı ıı ıııııı ııı ıııı ıııııı ıı ııı ıııı ııııı ıı ııı ıııı ıı ıııııı ııı ıııı ıııııı ıı ııı ıııı ııııı ıı ııı ıııı ıı ıııııı ııı ıııı ıııııı ıı ııı ıııı ııııı ıı ııı ıııı ıı ıııııı ııı ıııı ıııııı ıı ııı ıııı ııııı ıı ııı ıııı ıı ıııııı ııı ıııı ıııııı ıı ııı ıııı ııııı ıı ııı ıııı ıı ıııııı ııı ıııı ıııııı ıı ııı ıııı ııııı ıı ııı ıııı ıı ıııııı ııı ıııı ıııııı ıı ııı ıııı ııııı ıı ııı ıııı ıı ıııııı ııı ıııı ıııııı ıı ııı ıııı ııııı ıı ııı ıııı ıı ıııııı ııı ıııı ıııııı ıı ııı ıııı ııııı ıı ııı ıııı ıı ıııııı ııı ıııı ıııııı ıı ııı ıııı ııııı ıı ııı ıııı ıı ıııııı ııı ıııı ıııııı ıı ııı ıııı ııııı ıı ııı ıııı ıı ıııııı ııı ıııı ıııııı ıı ııı ıııı ııııı ıı ııı ıııı ıı ıııııı ııı ıııı ıııııı ıı ııı ıııı ııııı ıı ııı ıııı ıı ıııııı ııı ıııı ıııııı ıı ııı ıııı ııııı ıı ııı ıııı ıı ıııııı ııı ıııı ıııııı ıı ııı ıııı ııııı ıı ııı ıııı ıı ıııııı ııı ıııı ıııııı ıı ııı ıııı ııııı ıı ııı ıııı ıı ıııııı ııı ıııı ıııııı ıı ııı ıııı ııııı ıı ııı ıııı ıı ıııııı ııı ıııı ıııııı ıı ııı ıııı ııııı ıı ııı ıııı ıı ıııııı ııı ıııı ıııııı ıı ııı ıııı ııııı ıı ııı ıııı ıı ıııııı ııı ıııı ıııııı ıı ııı ıııı ııııı ıı ııı ıııı ıı ıııııı ııı ıııı ıııııı ıı ııı ıııı ııııı ıı ııı ıııı ıı ıııııı ııı ıııı ıııııı ıı ııı ıııı ııııı ıı ııı ıııı ıı ıııııı ııı ıııı ıııııı ıı ııı ıııı ııııı ıı ııı ıııı ıı ıııııı ııı ıııı ıııııı ıı ııı ıııı ııııı ıı ııı ıııı ıı ıııııı ııı ıııı ıııııı ıı ııı ıııı ııııı ıı ııı ıııı ıı ıııııı ııı ıııı ıııııı ıı ııı ıııı ııııı ıı ııı ıııı ıı ıııııı ııı ıııı ıııııı ıı ııı ıııı ııııı ıı ııı ıııı ıı ıııııı ııı ıııı ıııııı ıı ııı ıııı ııııı ıı ııı ıııı ıı ıııııı ııı ıııı ıııııı ıı ııı ıııı ııııı ıı ııı ıııı ıı ıııııı ııı ıııı ıııııı ıı ııı ıııı ııııı ıı ııı ıııı ıı ıııııı ııı ıııı ıııııı ıı ııı ıııı ııııı ıı ııı ıııı ıı ıııııı ııı ıııı ıııııı ıı ııı ıııı ııııı ıı ııı ıııı ıı ıııııı ııı ıııı ıııııı ıı ııı ıııı ııııı ıı ııı ıııı ıı ıııııı ııı ıııı ıııııı ıı ııı ıııı ııııı ıı ııı ıııı ıı ıııııı ııı ıııı ıııııı ıı ııı ıııı ııııı ıı ııı ıııı ıı ıııııı ııı ıııı ıııııı ıı ııı ıııı ııııı ıı ııı ıııı ıı ıııııı ııı ıııı ıııııı ıı ııı ıııı ııııı ıı ııı ıııı ıı ıııııı ııı ıııı ıııııı ıı ııı ıııı ııııı ıı ııı ıııı ıı ıııııı ııı ıııı ıııııı ıı ııı ıııı ııııı ıı ııı ıııı ıı ıııııı ııı ıııı ıııııı ıı ııı ıııı ııııı ıı ııı ıııı ıı ıııııı ııı ıııı ıııııı ıı ııı ıııı ııııı ıı ııı ıııı ıı ıııııı ııı ıııı ıııııı ıı ııı ıııı ııııı ıı ııı ıııı ıı ıııııı ııı ıııı ıııııı ıı ııı ıııı ııııı ıı ııı ıııı ıı ıııııı ııı ıııı ıııııı ıı ııı ıııı ııııı ıı ııı ıııı ıı ıııııı ııı ıııı ıııııı ıı ııı ıııı ııııı ıı ııı ıııı ıı ıııııı ııı ıııı ıııııı ıı ııı ıııı ııııı ıı ııı ıııı ıı ıııııı ııı ıııı ıııııı ıı ııı ıııı ııııı ıı ııı ıııı ıı ıııııı ııı ıııı ıııııı ıı ııı ıııı ııııı ıı ııı ıııı ıı ıııııı ııı ıııı ıııııı ıı ııı ıııı ııııı ıı ııı ıııı ıı ıııııı ııı ıııı ıııııı ıı ııı ıııı ııııı ıı ııı ıııı ıı ıııııı ııı ıııı ıııııı ıı ııı ıııı ııııı ıı ııı ıııı ıı ıııııı ııı ıııı ıııııı ıı ııı ıııı ııııı ıı ııı ıııı ıı ıııııı ııı ıııı ıııııı ıı ııı ıııı ııııı ıı ııı ıııı ıı ıııııı ııı ıııı ıııııı ıı ııı ıııı ııııı ıı ııı ıııı ıı ıııııı ııı ıııı ıııııı ıı ııı ıııı ııııı ıı ııı ıııı ıı ıııııı ııı ıııı ıııııı ıı ııı ıııı ııııı ıı ııı ıııı ıı ıııııı ııı ıııı ıııııı ıı ııı ıııı ııııı ıı ııı ıııı ıı ıııııı ııı ıııı ıııııı ıı ııı ıııı ııııı ıı ııı ıııı ıı ıııııı ııı ıııı ıııııı ıı ııı ıııı ııııı ıı ııı ıııı ıı ıııııı ııı ıııı ıııııı ıı ııı ıııı ııııı ıı ııı ıııı ıı ıııııı ııı ıııı ıııııı ıı ııı ıııı ııııı ıı ııı ıııı ıı ıııııı ııı ıııı ıııııı ıı ııı ıııı ııııı ıı ııı ıııı ıı ıııııı ııı ıııı ıııııı ıı ııı ıııı ııııı ıı ııı ıııı ıı ıııııı ııı ıııı ıııııı ıı ııı ıııı ııııı ıı ııı ıııı ıı ıııııı ııı ıııı ıııııı ıı ııı ıııı ııııı ıı ııı ıııı ıı ıııııı ııı ıııı ıııııı ıı ııı ıııı ııııı ıı ııı ıııı ıı ıııııı ııı ıııı ıııııı ıı ııı ıııı ııııı ıı ııı ıııı ıı ıııııı ııı ıııı ıııııı ıı ııı ıııı ııııı ıı ııı ıııı ıı ıııııı ııı ıııı ıııııı ıı ııı ıııı ııııı ıı ııı ıııı ıı ıııııı ııı ıııı ıııııı ıı ııı ıııı ııııı ıı ııı ıııı ıı ıııııı ııı ıııı ıııııı ıı ııı ıııı ııııı ıı ııı ıııı ıı ıııııı ııı ıııı ıııııı ıı ııı ıııı ııııı ıı ııı ıııı ıı ıııııı ııı ıııı ıııııı ıı ııı ıııı ııııı ıı ııı ıııı ıı ıııııı ııı ıııı ıııııı ıı ııı ıııı ııııı ıı ııı ıııı ıı ıııııı ııı ıııı ıııııı ıı ııı ıııı ııııı ıı ııı ıııı ıı ıııııı ııı ıııı ıııııı ıı ııı ıııı ııııı ıı ııı ıııı ıı ıııııı ııı ıııı ıııııı ıı ııı ıııı ııııı ıı ııı ıııı ıı ıııııı ııı ıııı ıııııı ıı ııı ıııı ııııı ıı ııı ıııı ıı ıııııı ııı ıııı ıııııı ıı ııı ıııı ııııı ıı ııı ıııı ıı ıııııı ııı ıııı ıııııı ıı ııı ıııı ııııı ıı ııı ıııı ıı ıııııı ııı ıııı ıııııı ıı ııı ıııı ııııı ıı ııı ıııı ıı ıııııı ııı ıııı ıııııı ıı ııı ıııı ııııı ıı ııı ıııı ıı ıııııı ııı ıııı ıııııı ıı ııı ıııı ııııı ıı ııı ıııı ıı ıııııı ııı ıııı ıııııı ıı ııı ıııı ııııı ıı ııı ıııı ıı ıııııı ııı ıııı ıııııı ıı ııı ıııı ııııı ıı ııı ıııı ıı ıııııı ııı ıııı ıııııı ıı ııı ıııı ııııı ıı ııı ıııı ıı ıııııı ııı ıııı ıııııı ıı ııı ıııı ııııı ıı ııı ıııı ıı ıııııı ııı ıııı ıııııı ıı ııı ıııı ııııı ıı ııı ıııı ıı ıııııı ııı ıııı ıııııı ıı ııı ıııı ııııı ıı ııı ıııı ıı ıııııı ııı ıııı ıııııı ıı ııı ıııı ııııı ıı ııı ıııı ıı ıııııı ııı ıııı ıııııı ıı ııı ıııı ııııı ıı ııı ıııı ıı ıııııı ııı ıııı ıııııı ıı ııı ıııı ııııı ıı ııı ıııı ıı ıııııı ııı ıııı ıııııı ıı ııı ıııı ııııı ıı ııı ıııı ıı ıııııı ııı ıııı ıııııı ıı ııı ıııı ııııı ıı ııı ıııı ıı ıııııı ııı ıııı ıııııı ıı ııı ıııı ııııı ıı ııı ıııı ıı ıııııı ııı ıııı ıııııı ıı ııı ıııı ııııı ıı ııı ıııı ıı ıııııı ııı ıııı ıııııı ıı ııı ıııı ııııı ıı ııı ıııı ıı ıııııı ııı ıııı ıııııı ıı ııı ıııı ııııı ıı ııı ıııı ıı ıııııı ııı ıııı ıııııı ıı ııı ıııı ııııı ıı ııı ıııı ıı ıııııı ııı ıııı ıııııı ıı ııı ıııı ııııı ıı ııı ıııı ıı ıııııı ııı ıııı ıııııı ıı ııı ıııı ııııı ıı ııı ıııı ıı ıııııı ııı ıııı ıııııı ıı ııı ıııı ııııı ıı ııı ıııı ıı ıııııı ııı ıııı ıııııı ıı ııı ıııı ııııı ıı ııı ıııı ıı ıııııı ııı ıııı ıııııı ıı ııı ıııı ııııı ıı ııı ıııı ıı ıııııı ııı ıııı ıııııı ıı ııı ıııı ııııı ıı ııı ıııı ıı ıııııı ııı ıııı ıııııı ıı ııı ıııı ııııı ıı ııı ıııı ıı ıııııı ııı ıııı ıııııı ıı ııı ıııı ııııı ıı ııı ıııı ıı ıııııı ııı ıııı ıııııı ıı ııı ıııı ııııı ıı ııı ıııı ıı ıııııı ııı ıııı ıııııı ıı ııı ıııı ııııı ıı ııı ıııı ıı ıııııı ııı ıııı ıııııı ıı ııı ıııı ııııı ıı ııı ıııı ıı ıııııı ııı ıııı ıııııı ıı ııı ıııı ııııı ıı ııı ıııı ıı ıııııı ııı ıııı ıııııı ıı ııı ıııı ııııı ıı ııı ıııı ıı ıııııı ııı ıııı ıııııı ıı ııı ıııı ııııı ıı ııı ıııı ıı ıııııı ııı ıııı ıııııı ıı ııı ıııı ııııı ıı ııı ıııı ıı ıııııı ııı ıııı ıııııı ıı ııı ıııı ııııı ıı ııı ıııı ıı ıııııı ııı ıııı ıııııı ıı ııı ıııı ııııı ıı ııı ıııı ıı ıııııı ııı ıııı ıııııı ıı ııı ıııı ııııı ıı ııı ıııı ıı ıııııı ııı ıııı ıııııı ıı ııı ıııı ııııı ıı ııı ıııı ıı ıııııı ııı ıııı ıııııı ıı ııı ıııı ııııı ıı ııı ıııı ıı ıııııı ııı ıııı ıııııı ıı ııı ıııı ııııı ıı ııı ıııı ıı ıııııı ııı ıııı ıııııı ıı ııı ıııı ııııı ıı ııı ıııı ıı ıııııı ııı ıııı ıııııı ıı ııı ıııı ııııı ıı ııı ıııı ıı ıııııı ııı ıııı ıııııı ıı ııı ıııı ııııı ıı ııı ıııı ıı ıııııı ııı ıııı ıııııı ıı ııı ıııı ııııı ıı ııı ıııı ıı ıııııı ııı ıııı ıııııı ıı ııı ıııı ııııı ıı ııı ıııı ıı ıııııı ııı ıııı ıııııı ıı ııı ıııı ııııı ıı ııı ıııı ıı ıııııı ııı ıııı ıııııı ıı ııı ıııı ııııı ıı ııı ıııı ıı ıııııı ııı ıııı ıııııı ıı ııı ıııı ııııı ıı ııı ıııı ıı ıııııı ııı ıııı ıııııı ıı ııı ıııı ııııı ıı ııı ıııı ıı ıııııı ııı ıııı ıııııı ıı ııı ıııı ııııı ıı ııı ıııı ıı ıııııı ııı ıııı ıııııı ıı ııı ıııı ııııı ıı ııı ıııı ıı ıııııı ııı ıııı ıııııı ıı ııı ıııı ııııı ıı ııı ıııı ıı ıııııı ııı ıııı ıııııı ıı ııı ıııı ııııı ıı ııı ıııı ıı ıııııı ııı ıııı ıııııı ıı ııı ıııı ııııı ıı ııı ıııı ıı ıııııı ııı ıııı ıııııı ıı ııı ıııı ııııı ıı ııı ıııı ıı ıııııı ııı ıııı ıııııı ıı ııı ıııı ııııı ıı ııı ıııı ıı ıııııı ııı ıııı ıııııı ıı ııı ıııı ııııı ıı ııı ıııı ıı ıııııı ııı ıııı ıııııı ıı ııı ıııı ııııı ıı ııı ıııı ıı ıııııı ııı ıııı ıııııı ıı ııı ıııı ııııı ıı ııı ıııı ıı ıııııı ııı ıııı ıııııı ıı ııı ıııı ııııı ıı ııı ıııı ıı ıııııı ııı ıııı ıııııı ıı ııı ıııı ııııı ıı ııı ıııı ıı ıııııı ııı ıııı ıııııı ıı ııı ıııı ııııı ıı ııı ıııı ıı ıııııı ııı ıııı ıııııı ıı ııı ıııı ııııı ıı ııı ıııı ıı ıııııı ııı ıııı ıııııı ıı ııı ıııı ııııı ıı ııı ıııı ıı ıııııı ııı ıııı ıııııı ıı ııı ıııı ııııı ıı ııı ıııı ıı ıııııı ııı ıııı ıııııı ıı ııı ıııı ııııı ıı ııı ıııı ıı ıııııı ııı ıııı ıııııı ıı ııı ıııı ııııı ıı ııı ıııı ıı ıııııı ııı ıııı ıııııı ıı ııı ıııı ııııı ıı ııı ıııı ıı ıııııı ııı ıııı ıııııı ıı ııı ıııı ııııı ıı ııı ıııı ıı ıııııı ııı ıııı ıııııı ıı ııı ıııı ııııı ıı ııı ıııı ıı ıııııı ııı ıııı ıııııı ıı ııı ıııı ııııı ıı ııı ıııı ıı ıııııı ııı ıııı ıııııı ıı ııı ıııı ııııı ıı ııı ıııı ıı ıııııı ııı ıııı ıııııı ıı ııı ıııı ııııı ıı ııı ıııı ıı ıııııı ııı ıııı ıııııı ıı ııı ıııı ııııı ıı ııı ıııı ıı ıııııı ııı ıııı ıııııı ıı ııı ıııı ııııı ıı ııı ıııı ıı ıııııı ııı ıııı ıııııı ıı ııı ıııı ııııı ıı ııı ıııı ıı ıııııı ııı ıııı ıııııı ıı ııı ıııı ııııı ıı ııı ıııı ıı ıııııı ııı ıııı ıııııı ıı ııı ıııı ııııı ıı ııı ıııı ıı ıııııı ııı ıııı ıııııı ıı ııı ıııı ııııı ıı ııı ıııı ıı ıııııı ııı ıııı ıııııı ıı ııı ıııı ııııı ıı ııı ıııı ıı ıııııı ııı ıııı ıııııı ıı ııı ıııı ııııı ıı ııı ıııı ıı ıııııı ııı ıııı ıııııı ıı ııı ıııı ııııı ıı ııı ıııı ıı ıııııı ııı ıııı ıııııı ıı ııı ıııı ııııı ıı ııı ıııı ıı ıııııı ııı ıııı ıııııı ıı ııı ıııı ııııı ıı ııı ıııı ıı ıııııı ııı ıııı ıııııı ıı ııı ıııı ııııı ıı ııı ıııı ıı ıııııı ııı ıııı ıııııı ıı ııı ıııı ııııı ıı ııı ıııı ıı ıııııı ııı ıııı ıııııı ıı ııı ıııı ııııı ıı ııı ıııı ıı ıııııı ııı ıııı ıııııı ıı ııı ıııı ııııı ıı ııı ıııı ıı ıııııı ııı ıııı ıııııı ıı ııı ıııı ııııı ıı ııı ıııı ıı ıııııı ııı ıııı ıııııı ıı ııı ıııı ııııı ıı ııı ıııı ıı ıııııı ııı ıııı ıııııı ıı ııı ıııı ııııı ıı ııı ıııı ıı ıııııı ııı ıııı ıııııı ıı ııı ıııı ııııı ıı ııı ıııı ıı ıııııı ııı ıııı ıııııı ıı ııı ıııı ııııı ıı ııı ıııı ıı ıııııı ııı ıııı ıııııı ıı ııı ıııı ııııı ıı ııı ıııı ıı ıııııı ııı ıııı ıııııı ıı ııı ıııı ııııı ıı ııı ıııı ıı ıııııı ııı ıııı ıııııı ıı ııı ıııı ııııı ıı ııı ıııı ıı ıııııı ııı ıııı ıııııı ıı ııı ıııı ııııı ıı
THE CONCENTRATED DETERSIVE ESSENCE, AN ANTI-VENEREAL REMEDY.

Recommended by Surgeons and Secondary Symptoms. It extirpates and purifies the diseased humours from the blood, and cleanses the system from all deteriorating causes.

ııı ıııı ıı ıııııı ııı ıııı ıııııı ıı ııı ıııı ııııı ıı ııı ıııı ıı ıııııı ııı ıııı ıııııı ıı ııı ıııı ııııı ıı ııı ıııı ıı ıııııı ııı ıııı ıııııı ıı ııı ıııı ııııı ıı ııı ıııı ıı ıııııı ııı ıııı ıııııı ıı ııı ıııı ııııı ıı ııı ıııı ıı ıııııı ııı ıııı ıııııı ıı ııı ıııı ııııı ıı ııı ıııı ıı ıııııı ııı ıııı ıııııı ıı ııı ıııı ııııı ıı ııı ıııı ıı ıııııı ııı ıııı ıııııı ıı ııı ıııı ııııı ıı ııı ıııı ıı ıııııı ııı ıııı ıııııı ıı ııı ıııı ııııı ıı ııı ıııı ıı ıııııı ııı ıııı ıııııı ıı ııı ıııı ııııı ıı ııı ıııı ıı ıııııı ııı ıııı ıııııı ıı ııı ıııı ııııı ıı
DEAFNESS AND SINGING IN THE EARS INSTANTLY CURED WITHOUT PAIN OR OPERATION.
THE APPLICATIONS OF DR. PEARSON'S wonderful discovered remedy in all cases of Deafness.
ııı ıııı ıı ıııııı ııı ıııı ıııııı ıı ııı ıııı ııııı ıı ııı ıııı ıı ıııııı ııı ıııı ıııııı ıı ııı ıııı ııııı ıı ııı ıııı ıı ıııııı ııı ıııı ıııııı ıı ııı ıııı ııııı ıı ııı ıııı ıı ıııııı ııı ıııı ıııııı ıı ııı ıııı ııııı ıı ııı ıııı ıı ıııııı ııı ıııı ıııııı ıı ııı ıııı ııııı ıı ııı ıııı ıı ıııııı ııı ıııı ıııııı ıı ııı ıııı ııııı ıı ııı ıııı ıı ıııııı ııı ıııı ıııııı ıı ııı ıııı ııııı ıı ııı ıııı ıı ıııııı ııı ıııı ıııııı ıı ııı ıııı ııııı ıı ııı ıııı ıı ıııııı ııı ıııı ıııııı ıı ııı ıııı ııııı ıı ııı ıııı ıı ıııııı ııı ıııı ıııııı ıı ııı ıııı ııııı ıı
DR. DE ROOS' COMPOUND RENAL PILLS
Which has never been known to fail.—A cure effected in the worst instances.
ııı ıııı ıı ıııııı ııı ıııı ıııııı ıı ııı ıııı ııııı ıı ııı ıııı ıı ıııııı ııı ıııı ıııııı ıı ııı ıııı ııııı ıı ııı ıııı ıı ıııııı ııı ıııı ıııııı ıı ııı ıııı ııııı ıı ııı ıııı ıı ıııııı ııı ıııı ıııııı ıı ııı ıııı ııııı ıı ııı ıııı ıı ıııııı ııı ıııı ıııııı ıı ııı ıııı ııııı ıı ııı ıııı ıı ıııııı ııı ıııı ıııııı ıı ııı ıııı ııııı ıı ııı ıııı ıı ıııııı ııı ıııı ıııııı ıı ııı ıııı ııııı ıı ııı ıııı ıı ıııııı ııı ıııı ıııııı ıı ııı ıııı ııııı ıı ııı ıııı ıı ıııııı ııı ıııı ıııııı ıı ııı ıııı ııııı ıı ııı ıııı ıı ıııııı ııı ıııı ıııııı ıı ııı ıııı ııııı ıı
ON THE PREVENTION, CURE, AND GENERAL CHARACTER OF SYPHILIS.
ııı ıııı ıı ıııııı ııı ıııı ıııııı ıı ııı ıııı ııııı ıı ııı ıııı ıı ıııııı ııı ıııı ıııııı ıı ııı ıııı ııııı ıı ııı ıııı ıı ıııııı ııı ıııı ıııııı ıı ııı ıııı ııııı ıı ııı ıııı ıı ıııııı ııı ıııı ıııııı ıı ııı ıııı ııııı ıı ııı ıııı ıı ıııııı ııı ıııı ıııııı ıı ııı ıııı ııııı ıı ııı ıııı ıı ıııııı ııı ıııı ıııııı ıı ııı ıııı ııııı ıı ııı ıııı ıı ıııııı ııı ıııı ıııııı ıı ııı ıııı ııııı ıı ııı ıııı ıı ıııııı ııı ıııı ıııııı ıı ııı ıııı ııııı ıı ııı ıııı ıı ıııııı ııı ıııı ıııııı ıı ııı ıııı ııııı ıı ııı ıııı ıı ıııııı ııı ıııı ıııııı ıı ııı ıııı ııııı ıı
THE MEDICAL ADVISER, the 45th thousand.
ııı ıııı ıı ıııııı ııı ıııı ıııııı ıı ııı ıııı ııııı ıı ııı ıııı ıı ıııııı ııı ıııı ıııııı ıı ııı ıııı ııııı ıı ııı ıııı ıı ıııııı ııı ıııı ıııııı ıı ııı ıııı ııııı ıı ııı ıııı ıı ıııııı ııı ıııı ıııııı ıı ııı ıııı ııııı ıı ııı ıııı ıı ıııııı ııı ıııı ıııııı ıı ııı ıııı ııııı ıı ııı ıııı ıı ıııııı ııı ıııı ıııııı ıı ııı ıııı ııııı ıı ııı ıııı ıı ıııııı ııı ıııı ıııııı ıı ııı ıııı ııııı ıı ııı ıııı ıı ıııııı ııı ıııı ıııııı ıı ııı ıııı ııııı ıı ııı ıııı ıı ıııııı ııı ıııı ıııııı ıı ııı ıııı ııııı ıı ııı ıııı ıı ıııııı ııı ıııı ıııııı ıı ııı ıııı ııııı ıı
To cure deafness tell a man you want to pay a debt on a long-owed bill.
